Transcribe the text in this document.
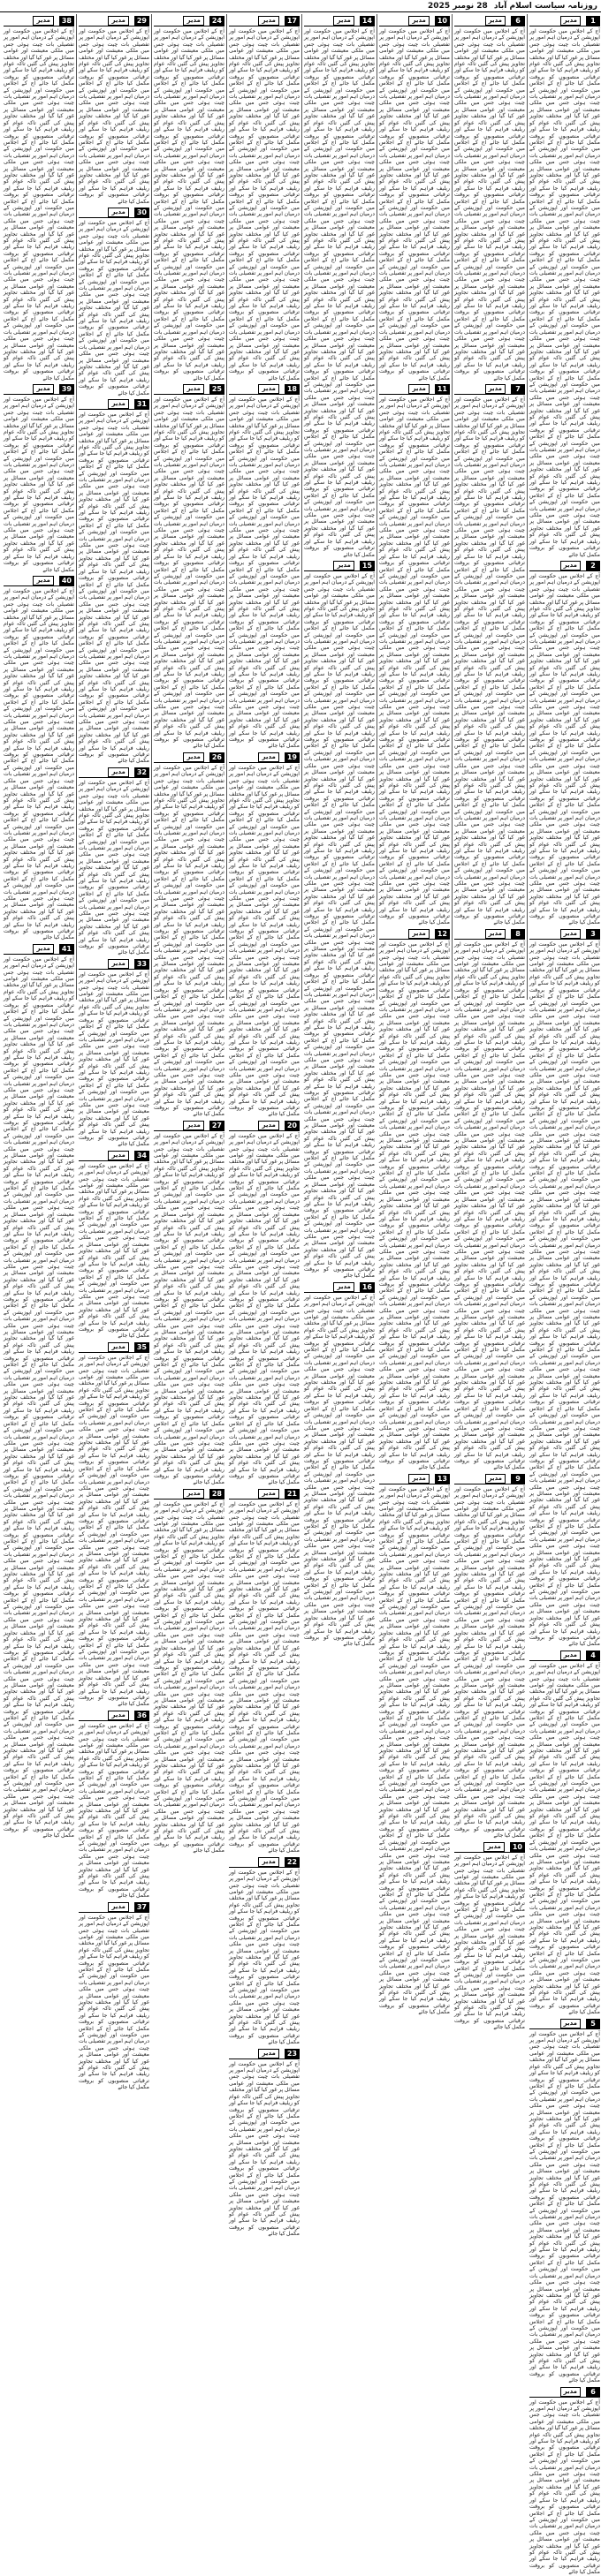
روزنامہ سیاست اسلام آباد 28 نومبر 2025
1
مدیر
آج کے اجلاس میں حکومت اور اپوزیشن کے درمیان اہم امور پر تفصیلی بات چیت ہوئی جس میں ملکی معیشت اور عوامی مسائل پر غور کیا گیا اور مختلف تجاویز پیش کی گئیں تاکہ عوام کو ریلیف فراہم کیا جا سکے اور ترقیاتی منصوبوں کو بروقت مکمل کیا جائے آج کے اجلاس میں حکومت اور اپوزیشن کے درمیان اہم امور پر تفصیلی بات چیت ہوئی جس میں ملکی معیشت اور عوامی مسائل پر غور کیا گیا اور مختلف تجاویز پیش کی گئیں تاکہ عوام کو ریلیف فراہم کیا جا سکے اور ترقیاتی منصوبوں کو بروقت مکمل کیا جائے آج کے اجلاس میں حکومت اور اپوزیشن کے درمیان اہم امور پر تفصیلی بات چیت ہوئی جس میں ملکی معیشت اور عوامی مسائل پر غور کیا گیا اور مختلف تجاویز پیش کی گئیں تاکہ عوام کو ریلیف فراہم کیا جا سکے اور ترقیاتی منصوبوں کو بروقت مکمل کیا جائے آج کے اجلاس میں حکومت اور اپوزیشن کے درمیان اہم امور پر تفصیلی بات چیت ہوئی جس میں ملکی معیشت اور عوامی مسائل پر غور کیا گیا اور مختلف تجاویز پیش کی گئیں تاکہ عوام کو ریلیف فراہم کیا جا سکے اور ترقیاتی منصوبوں کو بروقت مکمل کیا جائے آج کے اجلاس میں حکومت اور اپوزیشن کے درمیان اہم امور پر تفصیلی بات چیت ہوئی جس میں ملکی معیشت اور عوامی مسائل پر غور کیا گیا اور مختلف تجاویز پیش کی گئیں تاکہ عوام کو ریلیف فراہم کیا جا سکے اور ترقیاتی منصوبوں کو بروقت مکمل کیا جائے آج کے اجلاس میں حکومت اور اپوزیشن کے درمیان اہم امور پر تفصیلی بات چیت ہوئی جس میں ملکی معیشت اور عوامی مسائل پر غور کیا گیا اور مختلف تجاویز پیش کی گئیں تاکہ عوام کو ریلیف فراہم کیا جا سکے اور ترقیاتی منصوبوں کو بروقت مکمل کیا جائے آج کے اجلاس میں حکومت اور اپوزیشن کے درمیان اہم امور پر تفصیلی بات چیت ہوئی جس میں ملکی معیشت اور عوامی مسائل پر غور کیا گیا اور مختلف تجاویز پیش کی گئیں تاکہ عوام کو ریلیف فراہم کیا جا سکے اور ترقیاتی منصوبوں کو بروقت مکمل کیا جائے آج کے اجلاس میں حکومت اور اپوزیشن کے درمیان اہم امور پر تفصیلی بات چیت ہوئی جس میں ملکی معیشت اور عوامی مسائل پر غور کیا گیا اور مختلف تجاویز پیش کی گئیں تاکہ عوام کو ریلیف فراہم کیا جا سکے اور ترقیاتی منصوبوں کو بروقت مکمل کیا جائے آج کے اجلاس میں حکومت اور اپوزیشن کے درمیان اہم امور پر تفصیلی بات چیت ہوئی جس میں ملکی معیشت اور عوامی مسائل پر غور کیا گیا اور مختلف تجاویز پیش کی گئیں تاکہ عوام کو ریلیف فراہم کیا جا سکے اور ترقیاتی منصوبوں کو بروقت مکمل کیا جائے
2
مدیر
آج کے اجلاس میں حکومت اور اپوزیشن کے درمیان اہم امور پر تفصیلی بات چیت ہوئی جس میں ملکی معیشت اور عوامی مسائل پر غور کیا گیا اور مختلف تجاویز پیش کی گئیں تاکہ عوام کو ریلیف فراہم کیا جا سکے اور ترقیاتی منصوبوں کو بروقت مکمل کیا جائے آج کے اجلاس میں حکومت اور اپوزیشن کے درمیان اہم امور پر تفصیلی بات چیت ہوئی جس میں ملکی معیشت اور عوامی مسائل پر غور کیا گیا اور مختلف تجاویز پیش کی گئیں تاکہ عوام کو ریلیف فراہم کیا جا سکے اور ترقیاتی منصوبوں کو بروقت مکمل کیا جائے آج کے اجلاس میں حکومت اور اپوزیشن کے درمیان اہم امور پر تفصیلی بات چیت ہوئی جس میں ملکی معیشت اور عوامی مسائل پر غور کیا گیا اور مختلف تجاویز پیش کی گئیں تاکہ عوام کو ریلیف فراہم کیا جا سکے اور ترقیاتی منصوبوں کو بروقت مکمل کیا جائے آج کے اجلاس میں حکومت اور اپوزیشن کے درمیان اہم امور پر تفصیلی بات چیت ہوئی جس میں ملکی معیشت اور عوامی مسائل پر غور کیا گیا اور مختلف تجاویز پیش کی گئیں تاکہ عوام کو ریلیف فراہم کیا جا سکے اور ترقیاتی منصوبوں کو بروقت مکمل کیا جائے آج کے اجلاس میں حکومت اور اپوزیشن کے درمیان اہم امور پر تفصیلی بات چیت ہوئی جس میں ملکی معیشت اور عوامی مسائل پر غور کیا گیا اور مختلف تجاویز پیش کی گئیں تاکہ عوام کو ریلیف فراہم کیا جا سکے اور ترقیاتی منصوبوں کو بروقت مکمل کیا جائے آج کے اجلاس میں حکومت اور اپوزیشن کے درمیان اہم امور پر تفصیلی بات چیت ہوئی جس میں ملکی معیشت اور عوامی مسائل پر غور کیا گیا اور مختلف تجاویز پیش کی گئیں تاکہ عوام کو ریلیف فراہم کیا جا سکے اور ترقیاتی منصوبوں کو بروقت مکمل کیا جائے
3
مدیر
آج کے اجلاس میں حکومت اور اپوزیشن کے درمیان اہم امور پر تفصیلی بات چیت ہوئی جس میں ملکی معیشت اور عوامی مسائل پر غور کیا گیا اور مختلف تجاویز پیش کی گئیں تاکہ عوام کو ریلیف فراہم کیا جا سکے اور ترقیاتی منصوبوں کو بروقت مکمل کیا جائے آج کے اجلاس میں حکومت اور اپوزیشن کے درمیان اہم امور پر تفصیلی بات چیت ہوئی جس میں ملکی معیشت اور عوامی مسائل پر غور کیا گیا اور مختلف تجاویز پیش کی گئیں تاکہ عوام کو ریلیف فراہم کیا جا سکے اور ترقیاتی منصوبوں کو بروقت مکمل کیا جائے آج کے اجلاس میں حکومت اور اپوزیشن کے درمیان اہم امور پر تفصیلی بات چیت ہوئی جس میں ملکی معیشت اور عوامی مسائل پر غور کیا گیا اور مختلف تجاویز پیش کی گئیں تاکہ عوام کو ریلیف فراہم کیا جا سکے اور ترقیاتی منصوبوں کو بروقت مکمل کیا جائے آج کے اجلاس میں حکومت اور اپوزیشن کے درمیان اہم امور پر تفصیلی بات چیت ہوئی جس میں ملکی معیشت اور عوامی مسائل پر غور کیا گیا اور مختلف تجاویز پیش کی گئیں تاکہ عوام کو ریلیف فراہم کیا جا سکے اور ترقیاتی منصوبوں کو بروقت مکمل کیا جائے آج کے اجلاس میں حکومت اور اپوزیشن کے درمیان اہم امور پر تفصیلی بات چیت ہوئی جس میں ملکی معیشت اور عوامی مسائل پر غور کیا گیا اور مختلف تجاویز پیش کی گئیں تاکہ عوام کو ریلیف فراہم کیا جا سکے اور ترقیاتی منصوبوں کو بروقت مکمل کیا جائے آج کے اجلاس میں حکومت اور اپوزیشن کے درمیان اہم امور پر تفصیلی بات چیت ہوئی جس میں ملکی معیشت اور عوامی مسائل پر غور کیا گیا اور مختلف تجاویز پیش کی گئیں تاکہ عوام کو ریلیف فراہم کیا جا سکے اور ترقیاتی منصوبوں کو بروقت مکمل کیا جائے آج کے اجلاس میں حکومت اور اپوزیشن کے درمیان اہم امور پر تفصیلی بات چیت ہوئی جس میں ملکی معیشت اور عوامی مسائل پر غور کیا گیا اور مختلف تجاویز پیش کی گئیں تاکہ عوام کو ریلیف فراہم کیا جا سکے اور ترقیاتی منصوبوں کو بروقت مکمل کیا جائے آج کے اجلاس میں حکومت اور اپوزیشن کے درمیان اہم امور پر تفصیلی بات چیت ہوئی جس میں ملکی معیشت اور عوامی مسائل پر غور کیا گیا اور مختلف تجاویز پیش کی گئیں تاکہ عوام کو ریلیف فراہم کیا جا سکے اور ترقیاتی منصوبوں کو بروقت مکمل کیا جائے آج کے اجلاس میں حکومت اور اپوزیشن کے درمیان اہم امور پر تفصیلی بات چیت ہوئی جس میں ملکی معیشت اور عوامی مسائل پر غور کیا گیا اور مختلف تجاویز پیش کی گئیں تاکہ عوام کو ریلیف فراہم کیا جا سکے اور ترقیاتی منصوبوں کو بروقت مکمل کیا جائے آج کے اجلاس میں حکومت اور اپوزیشن کے درمیان اہم امور پر تفصیلی بات چیت ہوئی جس میں ملکی معیشت اور عوامی مسائل پر غور کیا گیا اور مختلف تجاویز پیش کی گئیں تاکہ عوام کو ریلیف فراہم کیا جا سکے اور ترقیاتی منصوبوں کو بروقت مکمل کیا جائے آج کے اجلاس میں حکومت اور اپوزیشن کے درمیان اہم امور پر تفصیلی بات چیت ہوئی جس میں ملکی معیشت اور عوامی مسائل پر غور کیا گیا اور مختلف تجاویز پیش کی گئیں تاکہ عوام کو ریلیف فراہم کیا جا سکے اور ترقیاتی منصوبوں کو بروقت مکمل کیا جائے آج کے اجلاس میں حکومت اور اپوزیشن کے درمیان اہم امور پر تفصیلی بات چیت ہوئی جس میں ملکی معیشت اور عوامی مسائل پر غور کیا گیا اور مختلف تجاویز پیش کی گئیں تاکہ عوام کو ریلیف فراہم کیا جا سکے اور ترقیاتی منصوبوں کو بروقت مکمل کیا جائے
4
مدیر
آج کے اجلاس میں حکومت اور اپوزیشن کے درمیان اہم امور پر تفصیلی بات چیت ہوئی جس میں ملکی معیشت اور عوامی مسائل پر غور کیا گیا اور مختلف تجاویز پیش کی گئیں تاکہ عوام کو ریلیف فراہم کیا جا سکے اور ترقیاتی منصوبوں کو بروقت مکمل کیا جائے آج کے اجلاس میں حکومت اور اپوزیشن کے درمیان اہم امور پر تفصیلی بات چیت ہوئی جس میں ملکی معیشت اور عوامی مسائل پر غور کیا گیا اور مختلف تجاویز پیش کی گئیں تاکہ عوام کو ریلیف فراہم کیا جا سکے اور ترقیاتی منصوبوں کو بروقت مکمل کیا جائے آج کے اجلاس میں حکومت اور اپوزیشن کے درمیان اہم امور پر تفصیلی بات چیت ہوئی جس میں ملکی معیشت اور عوامی مسائل پر غور کیا گیا اور مختلف تجاویز پیش کی گئیں تاکہ عوام کو ریلیف فراہم کیا جا سکے اور ترقیاتی منصوبوں کو بروقت مکمل کیا جائے آج کے اجلاس میں حکومت اور اپوزیشن کے درمیان اہم امور پر تفصیلی بات چیت ہوئی جس میں ملکی معیشت اور عوامی مسائل پر غور کیا گیا اور مختلف تجاویز پیش کی گئیں تاکہ عوام کو ریلیف فراہم کیا جا سکے اور ترقیاتی منصوبوں کو بروقت مکمل کیا جائے آج کے اجلاس میں حکومت اور اپوزیشن کے درمیان اہم امور پر تفصیلی بات چیت ہوئی جس میں ملکی معیشت اور عوامی مسائل پر غور کیا گیا اور مختلف تجاویز پیش کی گئیں تاکہ عوام کو ریلیف فراہم کیا جا سکے اور ترقیاتی منصوبوں کو بروقت مکمل کیا جائے آج کے اجلاس میں حکومت اور اپوزیشن کے درمیان اہم امور پر تفصیلی بات چیت ہوئی جس میں ملکی معیشت اور عوامی مسائل پر غور کیا گیا اور مختلف تجاویز پیش کی گئیں تاکہ عوام کو ریلیف فراہم کیا جا سکے اور ترقیاتی منصوبوں کو بروقت مکمل کیا جائے
5
مدیر
آج کے اجلاس میں حکومت اور اپوزیشن کے درمیان اہم امور پر تفصیلی بات چیت ہوئی جس میں ملکی معیشت اور عوامی مسائل پر غور کیا گیا اور مختلف تجاویز پیش کی گئیں تاکہ عوام کو ریلیف فراہم کیا جا سکے اور ترقیاتی منصوبوں کو بروقت مکمل کیا جائے آج کے اجلاس میں حکومت اور اپوزیشن کے درمیان اہم امور پر تفصیلی بات چیت ہوئی جس میں ملکی معیشت اور عوامی مسائل پر غور کیا گیا اور مختلف تجاویز پیش کی گئیں تاکہ عوام کو ریلیف فراہم کیا جا سکے اور ترقیاتی منصوبوں کو بروقت مکمل کیا جائے آج کے اجلاس میں حکومت اور اپوزیشن کے درمیان اہم امور پر تفصیلی بات چیت ہوئی جس میں ملکی معیشت اور عوامی مسائل پر غور کیا گیا اور مختلف تجاویز پیش کی گئیں تاکہ عوام کو ریلیف فراہم کیا جا سکے اور ترقیاتی منصوبوں کو بروقت مکمل کیا جائے آج کے اجلاس میں حکومت اور اپوزیشن کے درمیان اہم امور پر تفصیلی بات چیت ہوئی جس میں ملکی معیشت اور عوامی مسائل پر غور کیا گیا اور مختلف تجاویز پیش کی گئیں تاکہ عوام کو ریلیف فراہم کیا جا سکے اور ترقیاتی منصوبوں کو بروقت مکمل کیا جائے آج کے اجلاس میں حکومت اور اپوزیشن کے درمیان اہم امور پر تفصیلی بات چیت ہوئی جس میں ملکی معیشت اور عوامی مسائل پر غور کیا گیا اور مختلف تجاویز پیش کی گئیں تاکہ عوام کو ریلیف فراہم کیا جا سکے اور ترقیاتی منصوبوں کو بروقت مکمل کیا جائے آج کے اجلاس میں حکومت اور اپوزیشن کے درمیان اہم امور پر تفصیلی بات چیت ہوئی جس میں ملکی معیشت اور عوامی مسائل پر غور کیا گیا اور مختلف تجاویز پیش کی گئیں تاکہ عوام کو ریلیف فراہم کیا جا سکے اور ترقیاتی منصوبوں کو بروقت مکمل کیا جائے
6
مدیر
آج کے اجلاس میں حکومت اور اپوزیشن کے درمیان اہم امور پر تفصیلی بات چیت ہوئی جس میں ملکی معیشت اور عوامی مسائل پر غور کیا گیا اور مختلف تجاویز پیش کی گئیں تاکہ عوام کو ریلیف فراہم کیا جا سکے اور ترقیاتی منصوبوں کو بروقت مکمل کیا جائے آج کے اجلاس میں حکومت اور اپوزیشن کے درمیان اہم امور پر تفصیلی بات چیت ہوئی جس میں ملکی معیشت اور عوامی مسائل پر غور کیا گیا اور مختلف تجاویز پیش کی گئیں تاکہ عوام کو ریلیف فراہم کیا جا سکے اور ترقیاتی منصوبوں کو بروقت مکمل کیا جائے آج کے اجلاس میں حکومت اور اپوزیشن کے درمیان اہم امور پر تفصیلی بات چیت ہوئی جس میں ملکی معیشت اور عوامی مسائل پر غور کیا گیا اور مختلف تجاویز پیش کی گئیں تاکہ عوام کو ریلیف فراہم کیا جا سکے اور ترقیاتی منصوبوں کو بروقت مکمل کیا جائے
6
مدیر
آج کے اجلاس میں حکومت اور اپوزیشن کے درمیان اہم امور پر تفصیلی بات چیت ہوئی جس میں ملکی معیشت اور عوامی مسائل پر غور کیا گیا اور مختلف تجاویز پیش کی گئیں تاکہ عوام کو ریلیف فراہم کیا جا سکے اور ترقیاتی منصوبوں کو بروقت مکمل کیا جائے آج کے اجلاس میں حکومت اور اپوزیشن کے درمیان اہم امور پر تفصیلی بات چیت ہوئی جس میں ملکی معیشت اور عوامی مسائل پر غور کیا گیا اور مختلف تجاویز پیش کی گئیں تاکہ عوام کو ریلیف فراہم کیا جا سکے اور ترقیاتی منصوبوں کو بروقت مکمل کیا جائے آج کے اجلاس میں حکومت اور اپوزیشن کے درمیان اہم امور پر تفصیلی بات چیت ہوئی جس میں ملکی معیشت اور عوامی مسائل پر غور کیا گیا اور مختلف تجاویز پیش کی گئیں تاکہ عوام کو ریلیف فراہم کیا جا سکے اور ترقیاتی منصوبوں کو بروقت مکمل کیا جائے آج کے اجلاس میں حکومت اور اپوزیشن کے درمیان اہم امور پر تفصیلی بات چیت ہوئی جس میں ملکی معیشت اور عوامی مسائل پر غور کیا گیا اور مختلف تجاویز پیش کی گئیں تاکہ عوام کو ریلیف فراہم کیا جا سکے اور ترقیاتی منصوبوں کو بروقت مکمل کیا جائے آج کے اجلاس میں حکومت اور اپوزیشن کے درمیان اہم امور پر تفصیلی بات چیت ہوئی جس میں ملکی معیشت اور عوامی مسائل پر غور کیا گیا اور مختلف تجاویز پیش کی گئیں تاکہ عوام کو ریلیف فراہم کیا جا سکے اور ترقیاتی منصوبوں کو بروقت مکمل کیا جائے آج کے اجلاس میں حکومت اور اپوزیشن کے درمیان اہم امور پر تفصیلی بات چیت ہوئی جس میں ملکی معیشت اور عوامی مسائل پر غور کیا گیا اور مختلف تجاویز پیش کی گئیں تاکہ عوام کو ریلیف فراہم کیا جا سکے اور ترقیاتی منصوبوں کو بروقت مکمل کیا جائے
7
مدیر
آج کے اجلاس میں حکومت اور اپوزیشن کے درمیان اہم امور پر تفصیلی بات چیت ہوئی جس میں ملکی معیشت اور عوامی مسائل پر غور کیا گیا اور مختلف تجاویز پیش کی گئیں تاکہ عوام کو ریلیف فراہم کیا جا سکے اور ترقیاتی منصوبوں کو بروقت مکمل کیا جائے آج کے اجلاس میں حکومت اور اپوزیشن کے درمیان اہم امور پر تفصیلی بات چیت ہوئی جس میں ملکی معیشت اور عوامی مسائل پر غور کیا گیا اور مختلف تجاویز پیش کی گئیں تاکہ عوام کو ریلیف فراہم کیا جا سکے اور ترقیاتی منصوبوں کو بروقت مکمل کیا جائے آج کے اجلاس میں حکومت اور اپوزیشن کے درمیان اہم امور پر تفصیلی بات چیت ہوئی جس میں ملکی معیشت اور عوامی مسائل پر غور کیا گیا اور مختلف تجاویز پیش کی گئیں تاکہ عوام کو ریلیف فراہم کیا جا سکے اور ترقیاتی منصوبوں کو بروقت مکمل کیا جائے آج کے اجلاس میں حکومت اور اپوزیشن کے درمیان اہم امور پر تفصیلی بات چیت ہوئی جس میں ملکی معیشت اور عوامی مسائل پر غور کیا گیا اور مختلف تجاویز پیش کی گئیں تاکہ عوام کو ریلیف فراہم کیا جا سکے اور ترقیاتی منصوبوں کو بروقت مکمل کیا جائے آج کے اجلاس میں حکومت اور اپوزیشن کے درمیان اہم امور پر تفصیلی بات چیت ہوئی جس میں ملکی معیشت اور عوامی مسائل پر غور کیا گیا اور مختلف تجاویز پیش کی گئیں تاکہ عوام کو ریلیف فراہم کیا جا سکے اور ترقیاتی منصوبوں کو بروقت مکمل کیا جائے آج کے اجلاس میں حکومت اور اپوزیشن کے درمیان اہم امور پر تفصیلی بات چیت ہوئی جس میں ملکی معیشت اور عوامی مسائل پر غور کیا گیا اور مختلف تجاویز پیش کی گئیں تاکہ عوام کو ریلیف فراہم کیا جا سکے اور ترقیاتی منصوبوں کو بروقت مکمل کیا جائے آج کے اجلاس میں حکومت اور اپوزیشن کے درمیان اہم امور پر تفصیلی بات چیت ہوئی جس میں ملکی معیشت اور عوامی مسائل پر غور کیا گیا اور مختلف تجاویز پیش کی گئیں تاکہ عوام کو ریلیف فراہم کیا جا سکے اور ترقیاتی منصوبوں کو بروقت مکمل کیا جائے آج کے اجلاس میں حکومت اور اپوزیشن کے درمیان اہم امور پر تفصیلی بات چیت ہوئی جس میں ملکی معیشت اور عوامی مسائل پر غور کیا گیا اور مختلف تجاویز پیش کی گئیں تاکہ عوام کو ریلیف فراہم کیا جا سکے اور ترقیاتی منصوبوں کو بروقت مکمل کیا جائے آج کے اجلاس میں حکومت اور اپوزیشن کے درمیان اہم امور پر تفصیلی بات چیت ہوئی جس میں ملکی معیشت اور عوامی مسائل پر غور کیا گیا اور مختلف تجاویز پیش کی گئیں تاکہ عوام کو ریلیف فراہم کیا جا سکے اور ترقیاتی منصوبوں کو بروقت مکمل کیا جائے
8
مدیر
آج کے اجلاس میں حکومت اور اپوزیشن کے درمیان اہم امور پر تفصیلی بات چیت ہوئی جس میں ملکی معیشت اور عوامی مسائل پر غور کیا گیا اور مختلف تجاویز پیش کی گئیں تاکہ عوام کو ریلیف فراہم کیا جا سکے اور ترقیاتی منصوبوں کو بروقت مکمل کیا جائے آج کے اجلاس میں حکومت اور اپوزیشن کے درمیان اہم امور پر تفصیلی بات چیت ہوئی جس میں ملکی معیشت اور عوامی مسائل پر غور کیا گیا اور مختلف تجاویز پیش کی گئیں تاکہ عوام کو ریلیف فراہم کیا جا سکے اور ترقیاتی منصوبوں کو بروقت مکمل کیا جائے آج کے اجلاس میں حکومت اور اپوزیشن کے درمیان اہم امور پر تفصیلی بات چیت ہوئی جس میں ملکی معیشت اور عوامی مسائل پر غور کیا گیا اور مختلف تجاویز پیش کی گئیں تاکہ عوام کو ریلیف فراہم کیا جا سکے اور ترقیاتی منصوبوں کو بروقت مکمل کیا جائے آج کے اجلاس میں حکومت اور اپوزیشن کے درمیان اہم امور پر تفصیلی بات چیت ہوئی جس میں ملکی معیشت اور عوامی مسائل پر غور کیا گیا اور مختلف تجاویز پیش کی گئیں تاکہ عوام کو ریلیف فراہم کیا جا سکے اور ترقیاتی منصوبوں کو بروقت مکمل کیا جائے آج کے اجلاس میں حکومت اور اپوزیشن کے درمیان اہم امور پر تفصیلی بات چیت ہوئی جس میں ملکی معیشت اور عوامی مسائل پر غور کیا گیا اور مختلف تجاویز پیش کی گئیں تاکہ عوام کو ریلیف فراہم کیا جا سکے اور ترقیاتی منصوبوں کو بروقت مکمل کیا جائے آج کے اجلاس میں حکومت اور اپوزیشن کے درمیان اہم امور پر تفصیلی بات چیت ہوئی جس میں ملکی معیشت اور عوامی مسائل پر غور کیا گیا اور مختلف تجاویز پیش کی گئیں تاکہ عوام کو ریلیف فراہم کیا جا سکے اور ترقیاتی منصوبوں کو بروقت مکمل کیا جائے آج کے اجلاس میں حکومت اور اپوزیشن کے درمیان اہم امور پر تفصیلی بات چیت ہوئی جس میں ملکی معیشت اور عوامی مسائل پر غور کیا گیا اور مختلف تجاویز پیش کی گئیں تاکہ عوام کو ریلیف فراہم کیا جا سکے اور ترقیاتی منصوبوں کو بروقت مکمل کیا جائے آج کے اجلاس میں حکومت اور اپوزیشن کے درمیان اہم امور پر تفصیلی بات چیت ہوئی جس میں ملکی معیشت اور عوامی مسائل پر غور کیا گیا اور مختلف تجاویز پیش کی گئیں تاکہ عوام کو ریلیف فراہم کیا جا سکے اور ترقیاتی منصوبوں کو بروقت مکمل کیا جائے آج کے اجلاس میں حکومت اور اپوزیشن کے درمیان اہم امور پر تفصیلی بات چیت ہوئی جس میں ملکی معیشت اور عوامی مسائل پر غور کیا گیا اور مختلف تجاویز پیش کی گئیں تاکہ عوام کو ریلیف فراہم کیا جا سکے اور ترقیاتی منصوبوں کو بروقت مکمل کیا جائے
9
مدیر
آج کے اجلاس میں حکومت اور اپوزیشن کے درمیان اہم امور پر تفصیلی بات چیت ہوئی جس میں ملکی معیشت اور عوامی مسائل پر غور کیا گیا اور مختلف تجاویز پیش کی گئیں تاکہ عوام کو ریلیف فراہم کیا جا سکے اور ترقیاتی منصوبوں کو بروقت مکمل کیا جائے آج کے اجلاس میں حکومت اور اپوزیشن کے درمیان اہم امور پر تفصیلی بات چیت ہوئی جس میں ملکی معیشت اور عوامی مسائل پر غور کیا گیا اور مختلف تجاویز پیش کی گئیں تاکہ عوام کو ریلیف فراہم کیا جا سکے اور ترقیاتی منصوبوں کو بروقت مکمل کیا جائے آج کے اجلاس میں حکومت اور اپوزیشن کے درمیان اہم امور پر تفصیلی بات چیت ہوئی جس میں ملکی معیشت اور عوامی مسائل پر غور کیا گیا اور مختلف تجاویز پیش کی گئیں تاکہ عوام کو ریلیف فراہم کیا جا سکے اور ترقیاتی منصوبوں کو بروقت مکمل کیا جائے آج کے اجلاس میں حکومت اور اپوزیشن کے درمیان اہم امور پر تفصیلی بات چیت ہوئی جس میں ملکی معیشت اور عوامی مسائل پر غور کیا گیا اور مختلف تجاویز پیش کی گئیں تاکہ عوام کو ریلیف فراہم کیا جا سکے اور ترقیاتی منصوبوں کو بروقت مکمل کیا جائے آج کے اجلاس میں حکومت اور اپوزیشن کے درمیان اہم امور پر تفصیلی بات چیت ہوئی جس میں ملکی معیشت اور عوامی مسائل پر غور کیا گیا اور مختلف تجاویز پیش کی گئیں تاکہ عوام کو ریلیف فراہم کیا جا سکے اور ترقیاتی منصوبوں کو بروقت مکمل کیا جائے آج کے اجلاس میں حکومت اور اپوزیشن کے درمیان اہم امور پر تفصیلی بات چیت ہوئی جس میں ملکی معیشت اور عوامی مسائل پر غور کیا گیا اور مختلف تجاویز پیش کی گئیں تاکہ عوام کو ریلیف فراہم کیا جا سکے اور ترقیاتی منصوبوں کو بروقت مکمل کیا جائے
10
مدیر
آج کے اجلاس میں حکومت اور اپوزیشن کے درمیان اہم امور پر تفصیلی بات چیت ہوئی جس میں ملکی معیشت اور عوامی مسائل پر غور کیا گیا اور مختلف تجاویز پیش کی گئیں تاکہ عوام کو ریلیف فراہم کیا جا سکے اور ترقیاتی منصوبوں کو بروقت مکمل کیا جائے آج کے اجلاس میں حکومت اور اپوزیشن کے درمیان اہم امور پر تفصیلی بات چیت ہوئی جس میں ملکی معیشت اور عوامی مسائل پر غور کیا گیا اور مختلف تجاویز پیش کی گئیں تاکہ عوام کو ریلیف فراہم کیا جا سکے اور ترقیاتی منصوبوں کو بروقت مکمل کیا جائے آج کے اجلاس میں حکومت اور اپوزیشن کے درمیان اہم امور پر تفصیلی بات چیت ہوئی جس میں ملکی معیشت اور عوامی مسائل پر غور کیا گیا اور مختلف تجاویز پیش کی گئیں تاکہ عوام کو ریلیف فراہم کیا جا سکے اور ترقیاتی منصوبوں کو بروقت مکمل کیا جائے
10
مدیر
آج کے اجلاس میں حکومت اور اپوزیشن کے درمیان اہم امور پر تفصیلی بات چیت ہوئی جس میں ملکی معیشت اور عوامی مسائل پر غور کیا گیا اور مختلف تجاویز پیش کی گئیں تاکہ عوام کو ریلیف فراہم کیا جا سکے اور ترقیاتی منصوبوں کو بروقت مکمل کیا جائے آج کے اجلاس میں حکومت اور اپوزیشن کے درمیان اہم امور پر تفصیلی بات چیت ہوئی جس میں ملکی معیشت اور عوامی مسائل پر غور کیا گیا اور مختلف تجاویز پیش کی گئیں تاکہ عوام کو ریلیف فراہم کیا جا سکے اور ترقیاتی منصوبوں کو بروقت مکمل کیا جائے آج کے اجلاس میں حکومت اور اپوزیشن کے درمیان اہم امور پر تفصیلی بات چیت ہوئی جس میں ملکی معیشت اور عوامی مسائل پر غور کیا گیا اور مختلف تجاویز پیش کی گئیں تاکہ عوام کو ریلیف فراہم کیا جا سکے اور ترقیاتی منصوبوں کو بروقت مکمل کیا جائے آج کے اجلاس میں حکومت اور اپوزیشن کے درمیان اہم امور پر تفصیلی بات چیت ہوئی جس میں ملکی معیشت اور عوامی مسائل پر غور کیا گیا اور مختلف تجاویز پیش کی گئیں تاکہ عوام کو ریلیف فراہم کیا جا سکے اور ترقیاتی منصوبوں کو بروقت مکمل کیا جائے آج کے اجلاس میں حکومت اور اپوزیشن کے درمیان اہم امور پر تفصیلی بات چیت ہوئی جس میں ملکی معیشت اور عوامی مسائل پر غور کیا گیا اور مختلف تجاویز پیش کی گئیں تاکہ عوام کو ریلیف فراہم کیا جا سکے اور ترقیاتی منصوبوں کو بروقت مکمل کیا جائے آج کے اجلاس میں حکومت اور اپوزیشن کے درمیان اہم امور پر تفصیلی بات چیت ہوئی جس میں ملکی معیشت اور عوامی مسائل پر غور کیا گیا اور مختلف تجاویز پیش کی گئیں تاکہ عوام کو ریلیف فراہم کیا جا سکے اور ترقیاتی منصوبوں کو بروقت مکمل کیا جائے
11
مدیر
آج کے اجلاس میں حکومت اور اپوزیشن کے درمیان اہم امور پر تفصیلی بات چیت ہوئی جس میں ملکی معیشت اور عوامی مسائل پر غور کیا گیا اور مختلف تجاویز پیش کی گئیں تاکہ عوام کو ریلیف فراہم کیا جا سکے اور ترقیاتی منصوبوں کو بروقت مکمل کیا جائے آج کے اجلاس میں حکومت اور اپوزیشن کے درمیان اہم امور پر تفصیلی بات چیت ہوئی جس میں ملکی معیشت اور عوامی مسائل پر غور کیا گیا اور مختلف تجاویز پیش کی گئیں تاکہ عوام کو ریلیف فراہم کیا جا سکے اور ترقیاتی منصوبوں کو بروقت مکمل کیا جائے آج کے اجلاس میں حکومت اور اپوزیشن کے درمیان اہم امور پر تفصیلی بات چیت ہوئی جس میں ملکی معیشت اور عوامی مسائل پر غور کیا گیا اور مختلف تجاویز پیش کی گئیں تاکہ عوام کو ریلیف فراہم کیا جا سکے اور ترقیاتی منصوبوں کو بروقت مکمل کیا جائے آج کے اجلاس میں حکومت اور اپوزیشن کے درمیان اہم امور پر تفصیلی بات چیت ہوئی جس میں ملکی معیشت اور عوامی مسائل پر غور کیا گیا اور مختلف تجاویز پیش کی گئیں تاکہ عوام کو ریلیف فراہم کیا جا سکے اور ترقیاتی منصوبوں کو بروقت مکمل کیا جائے آج کے اجلاس میں حکومت اور اپوزیشن کے درمیان اہم امور پر تفصیلی بات چیت ہوئی جس میں ملکی معیشت اور عوامی مسائل پر غور کیا گیا اور مختلف تجاویز پیش کی گئیں تاکہ عوام کو ریلیف فراہم کیا جا سکے اور ترقیاتی منصوبوں کو بروقت مکمل کیا جائے آج کے اجلاس میں حکومت اور اپوزیشن کے درمیان اہم امور پر تفصیلی بات چیت ہوئی جس میں ملکی معیشت اور عوامی مسائل پر غور کیا گیا اور مختلف تجاویز پیش کی گئیں تاکہ عوام کو ریلیف فراہم کیا جا سکے اور ترقیاتی منصوبوں کو بروقت مکمل کیا جائے آج کے اجلاس میں حکومت اور اپوزیشن کے درمیان اہم امور پر تفصیلی بات چیت ہوئی جس میں ملکی معیشت اور عوامی مسائل پر غور کیا گیا اور مختلف تجاویز پیش کی گئیں تاکہ عوام کو ریلیف فراہم کیا جا سکے اور ترقیاتی منصوبوں کو بروقت مکمل کیا جائے آج کے اجلاس میں حکومت اور اپوزیشن کے درمیان اہم امور پر تفصیلی بات چیت ہوئی جس میں ملکی معیشت اور عوامی مسائل پر غور کیا گیا اور مختلف تجاویز پیش کی گئیں تاکہ عوام کو ریلیف فراہم کیا جا سکے اور ترقیاتی منصوبوں کو بروقت مکمل کیا جائے آج کے اجلاس میں حکومت اور اپوزیشن کے درمیان اہم امور پر تفصیلی بات چیت ہوئی جس میں ملکی معیشت اور عوامی مسائل پر غور کیا گیا اور مختلف تجاویز پیش کی گئیں تاکہ عوام کو ریلیف فراہم کیا جا سکے اور ترقیاتی منصوبوں کو بروقت مکمل کیا جائے
12
مدیر
آج کے اجلاس میں حکومت اور اپوزیشن کے درمیان اہم امور پر تفصیلی بات چیت ہوئی جس میں ملکی معیشت اور عوامی مسائل پر غور کیا گیا اور مختلف تجاویز پیش کی گئیں تاکہ عوام کو ریلیف فراہم کیا جا سکے اور ترقیاتی منصوبوں کو بروقت مکمل کیا جائے آج کے اجلاس میں حکومت اور اپوزیشن کے درمیان اہم امور پر تفصیلی بات چیت ہوئی جس میں ملکی معیشت اور عوامی مسائل پر غور کیا گیا اور مختلف تجاویز پیش کی گئیں تاکہ عوام کو ریلیف فراہم کیا جا سکے اور ترقیاتی منصوبوں کو بروقت مکمل کیا جائے آج کے اجلاس میں حکومت اور اپوزیشن کے درمیان اہم امور پر تفصیلی بات چیت ہوئی جس میں ملکی معیشت اور عوامی مسائل پر غور کیا گیا اور مختلف تجاویز پیش کی گئیں تاکہ عوام کو ریلیف فراہم کیا جا سکے اور ترقیاتی منصوبوں کو بروقت مکمل کیا جائے آج کے اجلاس میں حکومت اور اپوزیشن کے درمیان اہم امور پر تفصیلی بات چیت ہوئی جس میں ملکی معیشت اور عوامی مسائل پر غور کیا گیا اور مختلف تجاویز پیش کی گئیں تاکہ عوام کو ریلیف فراہم کیا جا سکے اور ترقیاتی منصوبوں کو بروقت مکمل کیا جائے آج کے اجلاس میں حکومت اور اپوزیشن کے درمیان اہم امور پر تفصیلی بات چیت ہوئی جس میں ملکی معیشت اور عوامی مسائل پر غور کیا گیا اور مختلف تجاویز پیش کی گئیں تاکہ عوام کو ریلیف فراہم کیا جا سکے اور ترقیاتی منصوبوں کو بروقت مکمل کیا جائے آج کے اجلاس میں حکومت اور اپوزیشن کے درمیان اہم امور پر تفصیلی بات چیت ہوئی جس میں ملکی معیشت اور عوامی مسائل پر غور کیا گیا اور مختلف تجاویز پیش کی گئیں تاکہ عوام کو ریلیف فراہم کیا جا سکے اور ترقیاتی منصوبوں کو بروقت مکمل کیا جائے آج کے اجلاس میں حکومت اور اپوزیشن کے درمیان اہم امور پر تفصیلی بات چیت ہوئی جس میں ملکی معیشت اور عوامی مسائل پر غور کیا گیا اور مختلف تجاویز پیش کی گئیں تاکہ عوام کو ریلیف فراہم کیا جا سکے اور ترقیاتی منصوبوں کو بروقت مکمل کیا جائے آج کے اجلاس میں حکومت اور اپوزیشن کے درمیان اہم امور پر تفصیلی بات چیت ہوئی جس میں ملکی معیشت اور عوامی مسائل پر غور کیا گیا اور مختلف تجاویز پیش کی گئیں تاکہ عوام کو ریلیف فراہم کیا جا سکے اور ترقیاتی منصوبوں کو بروقت مکمل کیا جائے آج کے اجلاس میں حکومت اور اپوزیشن کے درمیان اہم امور پر تفصیلی بات چیت ہوئی جس میں ملکی معیشت اور عوامی مسائل پر غور کیا گیا اور مختلف تجاویز پیش کی گئیں تاکہ عوام کو ریلیف فراہم کیا جا سکے اور ترقیاتی منصوبوں کو بروقت مکمل کیا جائے
13
مدیر
آج کے اجلاس میں حکومت اور اپوزیشن کے درمیان اہم امور پر تفصیلی بات چیت ہوئی جس میں ملکی معیشت اور عوامی مسائل پر غور کیا گیا اور مختلف تجاویز پیش کی گئیں تاکہ عوام کو ریلیف فراہم کیا جا سکے اور ترقیاتی منصوبوں کو بروقت مکمل کیا جائے آج کے اجلاس میں حکومت اور اپوزیشن کے درمیان اہم امور پر تفصیلی بات چیت ہوئی جس میں ملکی معیشت اور عوامی مسائل پر غور کیا گیا اور مختلف تجاویز پیش کی گئیں تاکہ عوام کو ریلیف فراہم کیا جا سکے اور ترقیاتی منصوبوں کو بروقت مکمل کیا جائے آج کے اجلاس میں حکومت اور اپوزیشن کے درمیان اہم امور پر تفصیلی بات چیت ہوئی جس میں ملکی معیشت اور عوامی مسائل پر غور کیا گیا اور مختلف تجاویز پیش کی گئیں تاکہ عوام کو ریلیف فراہم کیا جا سکے اور ترقیاتی منصوبوں کو بروقت مکمل کیا جائے آج کے اجلاس میں حکومت اور اپوزیشن کے درمیان اہم امور پر تفصیلی بات چیت ہوئی جس میں ملکی معیشت اور عوامی مسائل پر غور کیا گیا اور مختلف تجاویز پیش کی گئیں تاکہ عوام کو ریلیف فراہم کیا جا سکے اور ترقیاتی منصوبوں کو بروقت مکمل کیا جائے آج کے اجلاس میں حکومت اور اپوزیشن کے درمیان اہم امور پر تفصیلی بات چیت ہوئی جس میں ملکی معیشت اور عوامی مسائل پر غور کیا گیا اور مختلف تجاویز پیش کی گئیں تاکہ عوام کو ریلیف فراہم کیا جا سکے اور ترقیاتی منصوبوں کو بروقت مکمل کیا جائے آج کے اجلاس میں حکومت اور اپوزیشن کے درمیان اہم امور پر تفصیلی بات چیت ہوئی جس میں ملکی معیشت اور عوامی مسائل پر غور کیا گیا اور مختلف تجاویز پیش کی گئیں تاکہ عوام کو ریلیف فراہم کیا جا سکے اور ترقیاتی منصوبوں کو بروقت مکمل کیا جائے آج کے اجلاس میں حکومت اور اپوزیشن کے درمیان اہم امور پر تفصیلی بات چیت ہوئی جس میں ملکی معیشت اور عوامی مسائل پر غور کیا گیا اور مختلف تجاویز پیش کی گئیں تاکہ عوام کو ریلیف فراہم کیا جا سکے اور ترقیاتی منصوبوں کو بروقت مکمل کیا جائے آج کے اجلاس میں حکومت اور اپوزیشن کے درمیان اہم امور پر تفصیلی بات چیت ہوئی جس میں ملکی معیشت اور عوامی مسائل پر غور کیا گیا اور مختلف تجاویز پیش کی گئیں تاکہ عوام کو ریلیف فراہم کیا جا سکے اور ترقیاتی منصوبوں کو بروقت مکمل کیا جائے آج کے اجلاس میں حکومت اور اپوزیشن کے درمیان اہم امور پر تفصیلی بات چیت ہوئی جس میں ملکی معیشت اور عوامی مسائل پر غور کیا گیا اور مختلف تجاویز پیش کی گئیں تاکہ عوام کو ریلیف فراہم کیا جا سکے اور ترقیاتی منصوبوں کو بروقت مکمل کیا جائے
14
مدیر
آج کے اجلاس میں حکومت اور اپوزیشن کے درمیان اہم امور پر تفصیلی بات چیت ہوئی جس میں ملکی معیشت اور عوامی مسائل پر غور کیا گیا اور مختلف تجاویز پیش کی گئیں تاکہ عوام کو ریلیف فراہم کیا جا سکے اور ترقیاتی منصوبوں کو بروقت مکمل کیا جائے آج کے اجلاس میں حکومت اور اپوزیشن کے درمیان اہم امور پر تفصیلی بات چیت ہوئی جس میں ملکی معیشت اور عوامی مسائل پر غور کیا گیا اور مختلف تجاویز پیش کی گئیں تاکہ عوام کو ریلیف فراہم کیا جا سکے اور ترقیاتی منصوبوں کو بروقت مکمل کیا جائے آج کے اجلاس میں حکومت اور اپوزیشن کے درمیان اہم امور پر تفصیلی بات چیت ہوئی جس میں ملکی معیشت اور عوامی مسائل پر غور کیا گیا اور مختلف تجاویز پیش کی گئیں تاکہ عوام کو ریلیف فراہم کیا جا سکے اور ترقیاتی منصوبوں کو بروقت مکمل کیا جائے آج کے اجلاس میں حکومت اور اپوزیشن کے درمیان اہم امور پر تفصیلی بات چیت ہوئی جس میں ملکی معیشت اور عوامی مسائل پر غور کیا گیا اور مختلف تجاویز پیش کی گئیں تاکہ عوام کو ریلیف فراہم کیا جا سکے اور ترقیاتی منصوبوں کو بروقت مکمل کیا جائے آج کے اجلاس میں حکومت اور اپوزیشن کے درمیان اہم امور پر تفصیلی بات چیت ہوئی جس میں ملکی معیشت اور عوامی مسائل پر غور کیا گیا اور مختلف تجاویز پیش کی گئیں تاکہ عوام کو ریلیف فراہم کیا جا سکے اور ترقیاتی منصوبوں کو بروقت مکمل کیا جائے آج کے اجلاس میں حکومت اور اپوزیشن کے درمیان اہم امور پر تفصیلی بات چیت ہوئی جس میں ملکی معیشت اور عوامی مسائل پر غور کیا گیا اور مختلف تجاویز پیش کی گئیں تاکہ عوام کو ریلیف فراہم کیا جا سکے اور ترقیاتی منصوبوں کو بروقت مکمل کیا جائے آج کے اجلاس میں حکومت اور اپوزیشن کے درمیان اہم امور پر تفصیلی بات چیت ہوئی جس میں ملکی معیشت اور عوامی مسائل پر غور کیا گیا اور مختلف تجاویز پیش کی گئیں تاکہ عوام کو ریلیف فراہم کیا جا سکے اور ترقیاتی منصوبوں کو بروقت مکمل کیا جائے آج کے اجلاس میں حکومت اور اپوزیشن کے درمیان اہم امور پر تفصیلی بات چیت ہوئی جس میں ملکی معیشت اور عوامی مسائل پر غور کیا گیا اور مختلف تجاویز پیش کی گئیں تاکہ عوام کو ریلیف فراہم کیا جا سکے اور ترقیاتی منصوبوں کو بروقت مکمل کیا جائے آج کے اجلاس میں حکومت اور اپوزیشن کے درمیان اہم امور پر تفصیلی بات چیت ہوئی جس میں ملکی معیشت اور عوامی مسائل پر غور کیا گیا اور مختلف تجاویز پیش کی گئیں تاکہ عوام کو ریلیف فراہم کیا جا سکے اور ترقیاتی منصوبوں کو بروقت مکمل کیا جائے
15
مدیر
آج کے اجلاس میں حکومت اور اپوزیشن کے درمیان اہم امور پر تفصیلی بات چیت ہوئی جس میں ملکی معیشت اور عوامی مسائل پر غور کیا گیا اور مختلف تجاویز پیش کی گئیں تاکہ عوام کو ریلیف فراہم کیا جا سکے اور ترقیاتی منصوبوں کو بروقت مکمل کیا جائے آج کے اجلاس میں حکومت اور اپوزیشن کے درمیان اہم امور پر تفصیلی بات چیت ہوئی جس میں ملکی معیشت اور عوامی مسائل پر غور کیا گیا اور مختلف تجاویز پیش کی گئیں تاکہ عوام کو ریلیف فراہم کیا جا سکے اور ترقیاتی منصوبوں کو بروقت مکمل کیا جائے آج کے اجلاس میں حکومت اور اپوزیشن کے درمیان اہم امور پر تفصیلی بات چیت ہوئی جس میں ملکی معیشت اور عوامی مسائل پر غور کیا گیا اور مختلف تجاویز پیش کی گئیں تاکہ عوام کو ریلیف فراہم کیا جا سکے اور ترقیاتی منصوبوں کو بروقت مکمل کیا جائے آج کے اجلاس میں حکومت اور اپوزیشن کے درمیان اہم امور پر تفصیلی بات چیت ہوئی جس میں ملکی معیشت اور عوامی مسائل پر غور کیا گیا اور مختلف تجاویز پیش کی گئیں تاکہ عوام کو ریلیف فراہم کیا جا سکے اور ترقیاتی منصوبوں کو بروقت مکمل کیا جائے آج کے اجلاس میں حکومت اور اپوزیشن کے درمیان اہم امور پر تفصیلی بات چیت ہوئی جس میں ملکی معیشت اور عوامی مسائل پر غور کیا گیا اور مختلف تجاویز پیش کی گئیں تاکہ عوام کو ریلیف فراہم کیا جا سکے اور ترقیاتی منصوبوں کو بروقت مکمل کیا جائے آج کے اجلاس میں حکومت اور اپوزیشن کے درمیان اہم امور پر تفصیلی بات چیت ہوئی جس میں ملکی معیشت اور عوامی مسائل پر غور کیا گیا اور مختلف تجاویز پیش کی گئیں تاکہ عوام کو ریلیف فراہم کیا جا سکے اور ترقیاتی منصوبوں کو بروقت مکمل کیا جائے آج کے اجلاس میں حکومت اور اپوزیشن کے درمیان اہم امور پر تفصیلی بات چیت ہوئی جس میں ملکی معیشت اور عوامی مسائل پر غور کیا گیا اور مختلف تجاویز پیش کی گئیں تاکہ عوام کو ریلیف فراہم کیا جا سکے اور ترقیاتی منصوبوں کو بروقت مکمل کیا جائے آج کے اجلاس میں حکومت اور اپوزیشن کے درمیان اہم امور پر تفصیلی بات چیت ہوئی جس میں ملکی معیشت اور عوامی مسائل پر غور کیا گیا اور مختلف تجاویز پیش کی گئیں تاکہ عوام کو ریلیف فراہم کیا جا سکے اور ترقیاتی منصوبوں کو بروقت مکمل کیا جائے آج کے اجلاس میں حکومت اور اپوزیشن کے درمیان اہم امور پر تفصیلی بات چیت ہوئی جس میں ملکی معیشت اور عوامی مسائل پر غور کیا گیا اور مختلف تجاویز پیش کی گئیں تاکہ عوام کو ریلیف فراہم کیا جا سکے اور ترقیاتی منصوبوں کو بروقت مکمل کیا جائے آج کے اجلاس میں حکومت اور اپوزیشن کے درمیان اہم امور پر تفصیلی بات چیت ہوئی جس میں ملکی معیشت اور عوامی مسائل پر غور کیا گیا اور مختلف تجاویز پیش کی گئیں تاکہ عوام کو ریلیف فراہم کیا جا سکے اور ترقیاتی منصوبوں کو بروقت مکمل کیا جائے آج کے اجلاس میں حکومت اور اپوزیشن کے درمیان اہم امور پر تفصیلی بات چیت ہوئی جس میں ملکی معیشت اور عوامی مسائل پر غور کیا گیا اور مختلف تجاویز پیش کی گئیں تاکہ عوام کو ریلیف فراہم کیا جا سکے اور ترقیاتی منصوبوں کو بروقت مکمل کیا جائے آج کے اجلاس میں حکومت اور اپوزیشن کے درمیان اہم امور پر تفصیلی بات چیت ہوئی جس میں ملکی معیشت اور عوامی مسائل پر غور کیا گیا اور مختلف تجاویز پیش کی گئیں تاکہ عوام کو ریلیف فراہم کیا جا سکے اور ترقیاتی منصوبوں کو بروقت مکمل کیا جائے
16
مدیر
آج کے اجلاس میں حکومت اور اپوزیشن کے درمیان اہم امور پر تفصیلی بات چیت ہوئی جس میں ملکی معیشت اور عوامی مسائل پر غور کیا گیا اور مختلف تجاویز پیش کی گئیں تاکہ عوام کو ریلیف فراہم کیا جا سکے اور ترقیاتی منصوبوں کو بروقت مکمل کیا جائے آج کے اجلاس میں حکومت اور اپوزیشن کے درمیان اہم امور پر تفصیلی بات چیت ہوئی جس میں ملکی معیشت اور عوامی مسائل پر غور کیا گیا اور مختلف تجاویز پیش کی گئیں تاکہ عوام کو ریلیف فراہم کیا جا سکے اور ترقیاتی منصوبوں کو بروقت مکمل کیا جائے آج کے اجلاس میں حکومت اور اپوزیشن کے درمیان اہم امور پر تفصیلی بات چیت ہوئی جس میں ملکی معیشت اور عوامی مسائل پر غور کیا گیا اور مختلف تجاویز پیش کی گئیں تاکہ عوام کو ریلیف فراہم کیا جا سکے اور ترقیاتی منصوبوں کو بروقت مکمل کیا جائے آج کے اجلاس میں حکومت اور اپوزیشن کے درمیان اہم امور پر تفصیلی بات چیت ہوئی جس میں ملکی معیشت اور عوامی مسائل پر غور کیا گیا اور مختلف تجاویز پیش کی گئیں تاکہ عوام کو ریلیف فراہم کیا جا سکے اور ترقیاتی منصوبوں کو بروقت مکمل کیا جائے آج کے اجلاس میں حکومت اور اپوزیشن کے درمیان اہم امور پر تفصیلی بات چیت ہوئی جس میں ملکی معیشت اور عوامی مسائل پر غور کیا گیا اور مختلف تجاویز پیش کی گئیں تاکہ عوام کو ریلیف فراہم کیا جا سکے اور ترقیاتی منصوبوں کو بروقت مکمل کیا جائے آج کے اجلاس میں حکومت اور اپوزیشن کے درمیان اہم امور پر تفصیلی بات چیت ہوئی جس میں ملکی معیشت اور عوامی مسائل پر غور کیا گیا اور مختلف تجاویز پیش کی گئیں تاکہ عوام کو ریلیف فراہم کیا جا سکے اور ترقیاتی منصوبوں کو بروقت مکمل کیا جائے
17
مدیر
آج کے اجلاس میں حکومت اور اپوزیشن کے درمیان اہم امور پر تفصیلی بات چیت ہوئی جس میں ملکی معیشت اور عوامی مسائل پر غور کیا گیا اور مختلف تجاویز پیش کی گئیں تاکہ عوام کو ریلیف فراہم کیا جا سکے اور ترقیاتی منصوبوں کو بروقت مکمل کیا جائے آج کے اجلاس میں حکومت اور اپوزیشن کے درمیان اہم امور پر تفصیلی بات چیت ہوئی جس میں ملکی معیشت اور عوامی مسائل پر غور کیا گیا اور مختلف تجاویز پیش کی گئیں تاکہ عوام کو ریلیف فراہم کیا جا سکے اور ترقیاتی منصوبوں کو بروقت مکمل کیا جائے آج کے اجلاس میں حکومت اور اپوزیشن کے درمیان اہم امور پر تفصیلی بات چیت ہوئی جس میں ملکی معیشت اور عوامی مسائل پر غور کیا گیا اور مختلف تجاویز پیش کی گئیں تاکہ عوام کو ریلیف فراہم کیا جا سکے اور ترقیاتی منصوبوں کو بروقت مکمل کیا جائے آج کے اجلاس میں حکومت اور اپوزیشن کے درمیان اہم امور پر تفصیلی بات چیت ہوئی جس میں ملکی معیشت اور عوامی مسائل پر غور کیا گیا اور مختلف تجاویز پیش کی گئیں تاکہ عوام کو ریلیف فراہم کیا جا سکے اور ترقیاتی منصوبوں کو بروقت مکمل کیا جائے آج کے اجلاس میں حکومت اور اپوزیشن کے درمیان اہم امور پر تفصیلی بات چیت ہوئی جس میں ملکی معیشت اور عوامی مسائل پر غور کیا گیا اور مختلف تجاویز پیش کی گئیں تاکہ عوام کو ریلیف فراہم کیا جا سکے اور ترقیاتی منصوبوں کو بروقت مکمل کیا جائے آج کے اجلاس میں حکومت اور اپوزیشن کے درمیان اہم امور پر تفصیلی بات چیت ہوئی جس میں ملکی معیشت اور عوامی مسائل پر غور کیا گیا اور مختلف تجاویز پیش کی گئیں تاکہ عوام کو ریلیف فراہم کیا جا سکے اور ترقیاتی منصوبوں کو بروقت مکمل کیا جائے
18
مدیر
آج کے اجلاس میں حکومت اور اپوزیشن کے درمیان اہم امور پر تفصیلی بات چیت ہوئی جس میں ملکی معیشت اور عوامی مسائل پر غور کیا گیا اور مختلف تجاویز پیش کی گئیں تاکہ عوام کو ریلیف فراہم کیا جا سکے اور ترقیاتی منصوبوں کو بروقت مکمل کیا جائے آج کے اجلاس میں حکومت اور اپوزیشن کے درمیان اہم امور پر تفصیلی بات چیت ہوئی جس میں ملکی معیشت اور عوامی مسائل پر غور کیا گیا اور مختلف تجاویز پیش کی گئیں تاکہ عوام کو ریلیف فراہم کیا جا سکے اور ترقیاتی منصوبوں کو بروقت مکمل کیا جائے آج کے اجلاس میں حکومت اور اپوزیشن کے درمیان اہم امور پر تفصیلی بات چیت ہوئی جس میں ملکی معیشت اور عوامی مسائل پر غور کیا گیا اور مختلف تجاویز پیش کی گئیں تاکہ عوام کو ریلیف فراہم کیا جا سکے اور ترقیاتی منصوبوں کو بروقت مکمل کیا جائے آج کے اجلاس میں حکومت اور اپوزیشن کے درمیان اہم امور پر تفصیلی بات چیت ہوئی جس میں ملکی معیشت اور عوامی مسائل پر غور کیا گیا اور مختلف تجاویز پیش کی گئیں تاکہ عوام کو ریلیف فراہم کیا جا سکے اور ترقیاتی منصوبوں کو بروقت مکمل کیا جائے آج کے اجلاس میں حکومت اور اپوزیشن کے درمیان اہم امور پر تفصیلی بات چیت ہوئی جس میں ملکی معیشت اور عوامی مسائل پر غور کیا گیا اور مختلف تجاویز پیش کی گئیں تاکہ عوام کو ریلیف فراہم کیا جا سکے اور ترقیاتی منصوبوں کو بروقت مکمل کیا جائے آج کے اجلاس میں حکومت اور اپوزیشن کے درمیان اہم امور پر تفصیلی بات چیت ہوئی جس میں ملکی معیشت اور عوامی مسائل پر غور کیا گیا اور مختلف تجاویز پیش کی گئیں تاکہ عوام کو ریلیف فراہم کیا جا سکے اور ترقیاتی منصوبوں کو بروقت مکمل کیا جائے
19
مدیر
آج کے اجلاس میں حکومت اور اپوزیشن کے درمیان اہم امور پر تفصیلی بات چیت ہوئی جس میں ملکی معیشت اور عوامی مسائل پر غور کیا گیا اور مختلف تجاویز پیش کی گئیں تاکہ عوام کو ریلیف فراہم کیا جا سکے اور ترقیاتی منصوبوں کو بروقت مکمل کیا جائے آج کے اجلاس میں حکومت اور اپوزیشن کے درمیان اہم امور پر تفصیلی بات چیت ہوئی جس میں ملکی معیشت اور عوامی مسائل پر غور کیا گیا اور مختلف تجاویز پیش کی گئیں تاکہ عوام کو ریلیف فراہم کیا جا سکے اور ترقیاتی منصوبوں کو بروقت مکمل کیا جائے آج کے اجلاس میں حکومت اور اپوزیشن کے درمیان اہم امور پر تفصیلی بات چیت ہوئی جس میں ملکی معیشت اور عوامی مسائل پر غور کیا گیا اور مختلف تجاویز پیش کی گئیں تاکہ عوام کو ریلیف فراہم کیا جا سکے اور ترقیاتی منصوبوں کو بروقت مکمل کیا جائے آج کے اجلاس میں حکومت اور اپوزیشن کے درمیان اہم امور پر تفصیلی بات چیت ہوئی جس میں ملکی معیشت اور عوامی مسائل پر غور کیا گیا اور مختلف تجاویز پیش کی گئیں تاکہ عوام کو ریلیف فراہم کیا جا سکے اور ترقیاتی منصوبوں کو بروقت مکمل کیا جائے آج کے اجلاس میں حکومت اور اپوزیشن کے درمیان اہم امور پر تفصیلی بات چیت ہوئی جس میں ملکی معیشت اور عوامی مسائل پر غور کیا گیا اور مختلف تجاویز پیش کی گئیں تاکہ عوام کو ریلیف فراہم کیا جا سکے اور ترقیاتی منصوبوں کو بروقت مکمل کیا جائے آج کے اجلاس میں حکومت اور اپوزیشن کے درمیان اہم امور پر تفصیلی بات چیت ہوئی جس میں ملکی معیشت اور عوامی مسائل پر غور کیا گیا اور مختلف تجاویز پیش کی گئیں تاکہ عوام کو ریلیف فراہم کیا جا سکے اور ترقیاتی منصوبوں کو بروقت مکمل کیا جائے
20
مدیر
آج کے اجلاس میں حکومت اور اپوزیشن کے درمیان اہم امور پر تفصیلی بات چیت ہوئی جس میں ملکی معیشت اور عوامی مسائل پر غور کیا گیا اور مختلف تجاویز پیش کی گئیں تاکہ عوام کو ریلیف فراہم کیا جا سکے اور ترقیاتی منصوبوں کو بروقت مکمل کیا جائے آج کے اجلاس میں حکومت اور اپوزیشن کے درمیان اہم امور پر تفصیلی بات چیت ہوئی جس میں ملکی معیشت اور عوامی مسائل پر غور کیا گیا اور مختلف تجاویز پیش کی گئیں تاکہ عوام کو ریلیف فراہم کیا جا سکے اور ترقیاتی منصوبوں کو بروقت مکمل کیا جائے آج کے اجلاس میں حکومت اور اپوزیشن کے درمیان اہم امور پر تفصیلی بات چیت ہوئی جس میں ملکی معیشت اور عوامی مسائل پر غور کیا گیا اور مختلف تجاویز پیش کی گئیں تاکہ عوام کو ریلیف فراہم کیا جا سکے اور ترقیاتی منصوبوں کو بروقت مکمل کیا جائے آج کے اجلاس میں حکومت اور اپوزیشن کے درمیان اہم امور پر تفصیلی بات چیت ہوئی جس میں ملکی معیشت اور عوامی مسائل پر غور کیا گیا اور مختلف تجاویز پیش کی گئیں تاکہ عوام کو ریلیف فراہم کیا جا سکے اور ترقیاتی منصوبوں کو بروقت مکمل کیا جائے آج کے اجلاس میں حکومت اور اپوزیشن کے درمیان اہم امور پر تفصیلی بات چیت ہوئی جس میں ملکی معیشت اور عوامی مسائل پر غور کیا گیا اور مختلف تجاویز پیش کی گئیں تاکہ عوام کو ریلیف فراہم کیا جا سکے اور ترقیاتی منصوبوں کو بروقت مکمل کیا جائے آج کے اجلاس میں حکومت اور اپوزیشن کے درمیان اہم امور پر تفصیلی بات چیت ہوئی جس میں ملکی معیشت اور عوامی مسائل پر غور کیا گیا اور مختلف تجاویز پیش کی گئیں تاکہ عوام کو ریلیف فراہم کیا جا سکے اور ترقیاتی منصوبوں کو بروقت مکمل کیا جائے
21
مدیر
آج کے اجلاس میں حکومت اور اپوزیشن کے درمیان اہم امور پر تفصیلی بات چیت ہوئی جس میں ملکی معیشت اور عوامی مسائل پر غور کیا گیا اور مختلف تجاویز پیش کی گئیں تاکہ عوام کو ریلیف فراہم کیا جا سکے اور ترقیاتی منصوبوں کو بروقت مکمل کیا جائے آج کے اجلاس میں حکومت اور اپوزیشن کے درمیان اہم امور پر تفصیلی بات چیت ہوئی جس میں ملکی معیشت اور عوامی مسائل پر غور کیا گیا اور مختلف تجاویز پیش کی گئیں تاکہ عوام کو ریلیف فراہم کیا جا سکے اور ترقیاتی منصوبوں کو بروقت مکمل کیا جائے آج کے اجلاس میں حکومت اور اپوزیشن کے درمیان اہم امور پر تفصیلی بات چیت ہوئی جس میں ملکی معیشت اور عوامی مسائل پر غور کیا گیا اور مختلف تجاویز پیش کی گئیں تاکہ عوام کو ریلیف فراہم کیا جا سکے اور ترقیاتی منصوبوں کو بروقت مکمل کیا جائے آج کے اجلاس میں حکومت اور اپوزیشن کے درمیان اہم امور پر تفصیلی بات چیت ہوئی جس میں ملکی معیشت اور عوامی مسائل پر غور کیا گیا اور مختلف تجاویز پیش کی گئیں تاکہ عوام کو ریلیف فراہم کیا جا سکے اور ترقیاتی منصوبوں کو بروقت مکمل کیا جائے آج کے اجلاس میں حکومت اور اپوزیشن کے درمیان اہم امور پر تفصیلی بات چیت ہوئی جس میں ملکی معیشت اور عوامی مسائل پر غور کیا گیا اور مختلف تجاویز پیش کی گئیں تاکہ عوام کو ریلیف فراہم کیا جا سکے اور ترقیاتی منصوبوں کو بروقت مکمل کیا جائے آج کے اجلاس میں حکومت اور اپوزیشن کے درمیان اہم امور پر تفصیلی بات چیت ہوئی جس میں ملکی معیشت اور عوامی مسائل پر غور کیا گیا اور مختلف تجاویز پیش کی گئیں تاکہ عوام کو ریلیف فراہم کیا جا سکے اور ترقیاتی منصوبوں کو بروقت مکمل کیا جائے
22
مدیر
آج کے اجلاس میں حکومت اور اپوزیشن کے درمیان اہم امور پر تفصیلی بات چیت ہوئی جس میں ملکی معیشت اور عوامی مسائل پر غور کیا گیا اور مختلف تجاویز پیش کی گئیں تاکہ عوام کو ریلیف فراہم کیا جا سکے اور ترقیاتی منصوبوں کو بروقت مکمل کیا جائے آج کے اجلاس میں حکومت اور اپوزیشن کے درمیان اہم امور پر تفصیلی بات چیت ہوئی جس میں ملکی معیشت اور عوامی مسائل پر غور کیا گیا اور مختلف تجاویز پیش کی گئیں تاکہ عوام کو ریلیف فراہم کیا جا سکے اور ترقیاتی منصوبوں کو بروقت مکمل کیا جائے آج کے اجلاس میں حکومت اور اپوزیشن کے درمیان اہم امور پر تفصیلی بات چیت ہوئی جس میں ملکی معیشت اور عوامی مسائل پر غور کیا گیا اور مختلف تجاویز پیش کی گئیں تاکہ عوام کو ریلیف فراہم کیا جا سکے اور ترقیاتی منصوبوں کو بروقت مکمل کیا جائے
23
مدیر
آج کے اجلاس میں حکومت اور اپوزیشن کے درمیان اہم امور پر تفصیلی بات چیت ہوئی جس میں ملکی معیشت اور عوامی مسائل پر غور کیا گیا اور مختلف تجاویز پیش کی گئیں تاکہ عوام کو ریلیف فراہم کیا جا سکے اور ترقیاتی منصوبوں کو بروقت مکمل کیا جائے آج کے اجلاس میں حکومت اور اپوزیشن کے درمیان اہم امور پر تفصیلی بات چیت ہوئی جس میں ملکی معیشت اور عوامی مسائل پر غور کیا گیا اور مختلف تجاویز پیش کی گئیں تاکہ عوام کو ریلیف فراہم کیا جا سکے اور ترقیاتی منصوبوں کو بروقت مکمل کیا جائے آج کے اجلاس میں حکومت اور اپوزیشن کے درمیان اہم امور پر تفصیلی بات چیت ہوئی جس میں ملکی معیشت اور عوامی مسائل پر غور کیا گیا اور مختلف تجاویز پیش کی گئیں تاکہ عوام کو ریلیف فراہم کیا جا سکے اور ترقیاتی منصوبوں کو بروقت مکمل کیا جائے
24
مدیر
آج کے اجلاس میں حکومت اور اپوزیشن کے درمیان اہم امور پر تفصیلی بات چیت ہوئی جس میں ملکی معیشت اور عوامی مسائل پر غور کیا گیا اور مختلف تجاویز پیش کی گئیں تاکہ عوام کو ریلیف فراہم کیا جا سکے اور ترقیاتی منصوبوں کو بروقت مکمل کیا جائے آج کے اجلاس میں حکومت اور اپوزیشن کے درمیان اہم امور پر تفصیلی بات چیت ہوئی جس میں ملکی معیشت اور عوامی مسائل پر غور کیا گیا اور مختلف تجاویز پیش کی گئیں تاکہ عوام کو ریلیف فراہم کیا جا سکے اور ترقیاتی منصوبوں کو بروقت مکمل کیا جائے آج کے اجلاس میں حکومت اور اپوزیشن کے درمیان اہم امور پر تفصیلی بات چیت ہوئی جس میں ملکی معیشت اور عوامی مسائل پر غور کیا گیا اور مختلف تجاویز پیش کی گئیں تاکہ عوام کو ریلیف فراہم کیا جا سکے اور ترقیاتی منصوبوں کو بروقت مکمل کیا جائے آج کے اجلاس میں حکومت اور اپوزیشن کے درمیان اہم امور پر تفصیلی بات چیت ہوئی جس میں ملکی معیشت اور عوامی مسائل پر غور کیا گیا اور مختلف تجاویز پیش کی گئیں تاکہ عوام کو ریلیف فراہم کیا جا سکے اور ترقیاتی منصوبوں کو بروقت مکمل کیا جائے آج کے اجلاس میں حکومت اور اپوزیشن کے درمیان اہم امور پر تفصیلی بات چیت ہوئی جس میں ملکی معیشت اور عوامی مسائل پر غور کیا گیا اور مختلف تجاویز پیش کی گئیں تاکہ عوام کو ریلیف فراہم کیا جا سکے اور ترقیاتی منصوبوں کو بروقت مکمل کیا جائے آج کے اجلاس میں حکومت اور اپوزیشن کے درمیان اہم امور پر تفصیلی بات چیت ہوئی جس میں ملکی معیشت اور عوامی مسائل پر غور کیا گیا اور مختلف تجاویز پیش کی گئیں تاکہ عوام کو ریلیف فراہم کیا جا سکے اور ترقیاتی منصوبوں کو بروقت مکمل کیا جائے
25
مدیر
آج کے اجلاس میں حکومت اور اپوزیشن کے درمیان اہم امور پر تفصیلی بات چیت ہوئی جس میں ملکی معیشت اور عوامی مسائل پر غور کیا گیا اور مختلف تجاویز پیش کی گئیں تاکہ عوام کو ریلیف فراہم کیا جا سکے اور ترقیاتی منصوبوں کو بروقت مکمل کیا جائے آج کے اجلاس میں حکومت اور اپوزیشن کے درمیان اہم امور پر تفصیلی بات چیت ہوئی جس میں ملکی معیشت اور عوامی مسائل پر غور کیا گیا اور مختلف تجاویز پیش کی گئیں تاکہ عوام کو ریلیف فراہم کیا جا سکے اور ترقیاتی منصوبوں کو بروقت مکمل کیا جائے آج کے اجلاس میں حکومت اور اپوزیشن کے درمیان اہم امور پر تفصیلی بات چیت ہوئی جس میں ملکی معیشت اور عوامی مسائل پر غور کیا گیا اور مختلف تجاویز پیش کی گئیں تاکہ عوام کو ریلیف فراہم کیا جا سکے اور ترقیاتی منصوبوں کو بروقت مکمل کیا جائے آج کے اجلاس میں حکومت اور اپوزیشن کے درمیان اہم امور پر تفصیلی بات چیت ہوئی جس میں ملکی معیشت اور عوامی مسائل پر غور کیا گیا اور مختلف تجاویز پیش کی گئیں تاکہ عوام کو ریلیف فراہم کیا جا سکے اور ترقیاتی منصوبوں کو بروقت مکمل کیا جائے آج کے اجلاس میں حکومت اور اپوزیشن کے درمیان اہم امور پر تفصیلی بات چیت ہوئی جس میں ملکی معیشت اور عوامی مسائل پر غور کیا گیا اور مختلف تجاویز پیش کی گئیں تاکہ عوام کو ریلیف فراہم کیا جا سکے اور ترقیاتی منصوبوں کو بروقت مکمل کیا جائے آج کے اجلاس میں حکومت اور اپوزیشن کے درمیان اہم امور پر تفصیلی بات چیت ہوئی جس میں ملکی معیشت اور عوامی مسائل پر غور کیا گیا اور مختلف تجاویز پیش کی گئیں تاکہ عوام کو ریلیف فراہم کیا جا سکے اور ترقیاتی منصوبوں کو بروقت مکمل کیا جائے
26
مدیر
آج کے اجلاس میں حکومت اور اپوزیشن کے درمیان اہم امور پر تفصیلی بات چیت ہوئی جس میں ملکی معیشت اور عوامی مسائل پر غور کیا گیا اور مختلف تجاویز پیش کی گئیں تاکہ عوام کو ریلیف فراہم کیا جا سکے اور ترقیاتی منصوبوں کو بروقت مکمل کیا جائے آج کے اجلاس میں حکومت اور اپوزیشن کے درمیان اہم امور پر تفصیلی بات چیت ہوئی جس میں ملکی معیشت اور عوامی مسائل پر غور کیا گیا اور مختلف تجاویز پیش کی گئیں تاکہ عوام کو ریلیف فراہم کیا جا سکے اور ترقیاتی منصوبوں کو بروقت مکمل کیا جائے آج کے اجلاس میں حکومت اور اپوزیشن کے درمیان اہم امور پر تفصیلی بات چیت ہوئی جس میں ملکی معیشت اور عوامی مسائل پر غور کیا گیا اور مختلف تجاویز پیش کی گئیں تاکہ عوام کو ریلیف فراہم کیا جا سکے اور ترقیاتی منصوبوں کو بروقت مکمل کیا جائے آج کے اجلاس میں حکومت اور اپوزیشن کے درمیان اہم امور پر تفصیلی بات چیت ہوئی جس میں ملکی معیشت اور عوامی مسائل پر غور کیا گیا اور مختلف تجاویز پیش کی گئیں تاکہ عوام کو ریلیف فراہم کیا جا سکے اور ترقیاتی منصوبوں کو بروقت مکمل کیا جائے آج کے اجلاس میں حکومت اور اپوزیشن کے درمیان اہم امور پر تفصیلی بات چیت ہوئی جس میں ملکی معیشت اور عوامی مسائل پر غور کیا گیا اور مختلف تجاویز پیش کی گئیں تاکہ عوام کو ریلیف فراہم کیا جا سکے اور ترقیاتی منصوبوں کو بروقت مکمل کیا جائے آج کے اجلاس میں حکومت اور اپوزیشن کے درمیان اہم امور پر تفصیلی بات چیت ہوئی جس میں ملکی معیشت اور عوامی مسائل پر غور کیا گیا اور مختلف تجاویز پیش کی گئیں تاکہ عوام کو ریلیف فراہم کیا جا سکے اور ترقیاتی منصوبوں کو بروقت مکمل کیا جائے
27
مدیر
آج کے اجلاس میں حکومت اور اپوزیشن کے درمیان اہم امور پر تفصیلی بات چیت ہوئی جس میں ملکی معیشت اور عوامی مسائل پر غور کیا گیا اور مختلف تجاویز پیش کی گئیں تاکہ عوام کو ریلیف فراہم کیا جا سکے اور ترقیاتی منصوبوں کو بروقت مکمل کیا جائے آج کے اجلاس میں حکومت اور اپوزیشن کے درمیان اہم امور پر تفصیلی بات چیت ہوئی جس میں ملکی معیشت اور عوامی مسائل پر غور کیا گیا اور مختلف تجاویز پیش کی گئیں تاکہ عوام کو ریلیف فراہم کیا جا سکے اور ترقیاتی منصوبوں کو بروقت مکمل کیا جائے آج کے اجلاس میں حکومت اور اپوزیشن کے درمیان اہم امور پر تفصیلی بات چیت ہوئی جس میں ملکی معیشت اور عوامی مسائل پر غور کیا گیا اور مختلف تجاویز پیش کی گئیں تاکہ عوام کو ریلیف فراہم کیا جا سکے اور ترقیاتی منصوبوں کو بروقت مکمل کیا جائے آج کے اجلاس میں حکومت اور اپوزیشن کے درمیان اہم امور پر تفصیلی بات چیت ہوئی جس میں ملکی معیشت اور عوامی مسائل پر غور کیا گیا اور مختلف تجاویز پیش کی گئیں تاکہ عوام کو ریلیف فراہم کیا جا سکے اور ترقیاتی منصوبوں کو بروقت مکمل کیا جائے آج کے اجلاس میں حکومت اور اپوزیشن کے درمیان اہم امور پر تفصیلی بات چیت ہوئی جس میں ملکی معیشت اور عوامی مسائل پر غور کیا گیا اور مختلف تجاویز پیش کی گئیں تاکہ عوام کو ریلیف فراہم کیا جا سکے اور ترقیاتی منصوبوں کو بروقت مکمل کیا جائے آج کے اجلاس میں حکومت اور اپوزیشن کے درمیان اہم امور پر تفصیلی بات چیت ہوئی جس میں ملکی معیشت اور عوامی مسائل پر غور کیا گیا اور مختلف تجاویز پیش کی گئیں تاکہ عوام کو ریلیف فراہم کیا جا سکے اور ترقیاتی منصوبوں کو بروقت مکمل کیا جائے
28
مدیر
آج کے اجلاس میں حکومت اور اپوزیشن کے درمیان اہم امور پر تفصیلی بات چیت ہوئی جس میں ملکی معیشت اور عوامی مسائل پر غور کیا گیا اور مختلف تجاویز پیش کی گئیں تاکہ عوام کو ریلیف فراہم کیا جا سکے اور ترقیاتی منصوبوں کو بروقت مکمل کیا جائے آج کے اجلاس میں حکومت اور اپوزیشن کے درمیان اہم امور پر تفصیلی بات چیت ہوئی جس میں ملکی معیشت اور عوامی مسائل پر غور کیا گیا اور مختلف تجاویز پیش کی گئیں تاکہ عوام کو ریلیف فراہم کیا جا سکے اور ترقیاتی منصوبوں کو بروقت مکمل کیا جائے آج کے اجلاس میں حکومت اور اپوزیشن کے درمیان اہم امور پر تفصیلی بات چیت ہوئی جس میں ملکی معیشت اور عوامی مسائل پر غور کیا گیا اور مختلف تجاویز پیش کی گئیں تاکہ عوام کو ریلیف فراہم کیا جا سکے اور ترقیاتی منصوبوں کو بروقت مکمل کیا جائے آج کے اجلاس میں حکومت اور اپوزیشن کے درمیان اہم امور پر تفصیلی بات چیت ہوئی جس میں ملکی معیشت اور عوامی مسائل پر غور کیا گیا اور مختلف تجاویز پیش کی گئیں تاکہ عوام کو ریلیف فراہم کیا جا سکے اور ترقیاتی منصوبوں کو بروقت مکمل کیا جائے آج کے اجلاس میں حکومت اور اپوزیشن کے درمیان اہم امور پر تفصیلی بات چیت ہوئی جس میں ملکی معیشت اور عوامی مسائل پر غور کیا گیا اور مختلف تجاویز پیش کی گئیں تاکہ عوام کو ریلیف فراہم کیا جا سکے اور ترقیاتی منصوبوں کو بروقت مکمل کیا جائے آج کے اجلاس میں حکومت اور اپوزیشن کے درمیان اہم امور پر تفصیلی بات چیت ہوئی جس میں ملکی معیشت اور عوامی مسائل پر غور کیا گیا اور مختلف تجاویز پیش کی گئیں تاکہ عوام کو ریلیف فراہم کیا جا سکے اور ترقیاتی منصوبوں کو بروقت مکمل کیا جائے
29
مدیر
آج کے اجلاس میں حکومت اور اپوزیشن کے درمیان اہم امور پر تفصیلی بات چیت ہوئی جس میں ملکی معیشت اور عوامی مسائل پر غور کیا گیا اور مختلف تجاویز پیش کی گئیں تاکہ عوام کو ریلیف فراہم کیا جا سکے اور ترقیاتی منصوبوں کو بروقت مکمل کیا جائے آج کے اجلاس میں حکومت اور اپوزیشن کے درمیان اہم امور پر تفصیلی بات چیت ہوئی جس میں ملکی معیشت اور عوامی مسائل پر غور کیا گیا اور مختلف تجاویز پیش کی گئیں تاکہ عوام کو ریلیف فراہم کیا جا سکے اور ترقیاتی منصوبوں کو بروقت مکمل کیا جائے آج کے اجلاس میں حکومت اور اپوزیشن کے درمیان اہم امور پر تفصیلی بات چیت ہوئی جس میں ملکی معیشت اور عوامی مسائل پر غور کیا گیا اور مختلف تجاویز پیش کی گئیں تاکہ عوام کو ریلیف فراہم کیا جا سکے اور ترقیاتی منصوبوں کو بروقت مکمل کیا جائے
30
مدیر
آج کے اجلاس میں حکومت اور اپوزیشن کے درمیان اہم امور پر تفصیلی بات چیت ہوئی جس میں ملکی معیشت اور عوامی مسائل پر غور کیا گیا اور مختلف تجاویز پیش کی گئیں تاکہ عوام کو ریلیف فراہم کیا جا سکے اور ترقیاتی منصوبوں کو بروقت مکمل کیا جائے آج کے اجلاس میں حکومت اور اپوزیشن کے درمیان اہم امور پر تفصیلی بات چیت ہوئی جس میں ملکی معیشت اور عوامی مسائل پر غور کیا گیا اور مختلف تجاویز پیش کی گئیں تاکہ عوام کو ریلیف فراہم کیا جا سکے اور ترقیاتی منصوبوں کو بروقت مکمل کیا جائے آج کے اجلاس میں حکومت اور اپوزیشن کے درمیان اہم امور پر تفصیلی بات چیت ہوئی جس میں ملکی معیشت اور عوامی مسائل پر غور کیا گیا اور مختلف تجاویز پیش کی گئیں تاکہ عوام کو ریلیف فراہم کیا جا سکے اور ترقیاتی منصوبوں کو بروقت مکمل کیا جائے
31
مدیر
آج کے اجلاس میں حکومت اور اپوزیشن کے درمیان اہم امور پر تفصیلی بات چیت ہوئی جس میں ملکی معیشت اور عوامی مسائل پر غور کیا گیا اور مختلف تجاویز پیش کی گئیں تاکہ عوام کو ریلیف فراہم کیا جا سکے اور ترقیاتی منصوبوں کو بروقت مکمل کیا جائے آج کے اجلاس میں حکومت اور اپوزیشن کے درمیان اہم امور پر تفصیلی بات چیت ہوئی جس میں ملکی معیشت اور عوامی مسائل پر غور کیا گیا اور مختلف تجاویز پیش کی گئیں تاکہ عوام کو ریلیف فراہم کیا جا سکے اور ترقیاتی منصوبوں کو بروقت مکمل کیا جائے آج کے اجلاس میں حکومت اور اپوزیشن کے درمیان اہم امور پر تفصیلی بات چیت ہوئی جس میں ملکی معیشت اور عوامی مسائل پر غور کیا گیا اور مختلف تجاویز پیش کی گئیں تاکہ عوام کو ریلیف فراہم کیا جا سکے اور ترقیاتی منصوبوں کو بروقت مکمل کیا جائے آج کے اجلاس میں حکومت اور اپوزیشن کے درمیان اہم امور پر تفصیلی بات چیت ہوئی جس میں ملکی معیشت اور عوامی مسائل پر غور کیا گیا اور مختلف تجاویز پیش کی گئیں تاکہ عوام کو ریلیف فراہم کیا جا سکے اور ترقیاتی منصوبوں کو بروقت مکمل کیا جائے آج کے اجلاس میں حکومت اور اپوزیشن کے درمیان اہم امور پر تفصیلی بات چیت ہوئی جس میں ملکی معیشت اور عوامی مسائل پر غور کیا گیا اور مختلف تجاویز پیش کی گئیں تاکہ عوام کو ریلیف فراہم کیا جا سکے اور ترقیاتی منصوبوں کو بروقت مکمل کیا جائے آج کے اجلاس میں حکومت اور اپوزیشن کے درمیان اہم امور پر تفصیلی بات چیت ہوئی جس میں ملکی معیشت اور عوامی مسائل پر غور کیا گیا اور مختلف تجاویز پیش کی گئیں تاکہ عوام کو ریلیف فراہم کیا جا سکے اور ترقیاتی منصوبوں کو بروقت مکمل کیا جائے
32
مدیر
آج کے اجلاس میں حکومت اور اپوزیشن کے درمیان اہم امور پر تفصیلی بات چیت ہوئی جس میں ملکی معیشت اور عوامی مسائل پر غور کیا گیا اور مختلف تجاویز پیش کی گئیں تاکہ عوام کو ریلیف فراہم کیا جا سکے اور ترقیاتی منصوبوں کو بروقت مکمل کیا جائے آج کے اجلاس میں حکومت اور اپوزیشن کے درمیان اہم امور پر تفصیلی بات چیت ہوئی جس میں ملکی معیشت اور عوامی مسائل پر غور کیا گیا اور مختلف تجاویز پیش کی گئیں تاکہ عوام کو ریلیف فراہم کیا جا سکے اور ترقیاتی منصوبوں کو بروقت مکمل کیا جائے آج کے اجلاس میں حکومت اور اپوزیشن کے درمیان اہم امور پر تفصیلی بات چیت ہوئی جس میں ملکی معیشت اور عوامی مسائل پر غور کیا گیا اور مختلف تجاویز پیش کی گئیں تاکہ عوام کو ریلیف فراہم کیا جا سکے اور ترقیاتی منصوبوں کو بروقت مکمل کیا جائے
33
مدیر
آج کے اجلاس میں حکومت اور اپوزیشن کے درمیان اہم امور پر تفصیلی بات چیت ہوئی جس میں ملکی معیشت اور عوامی مسائل پر غور کیا گیا اور مختلف تجاویز پیش کی گئیں تاکہ عوام کو ریلیف فراہم کیا جا سکے اور ترقیاتی منصوبوں کو بروقت مکمل کیا جائے آج کے اجلاس میں حکومت اور اپوزیشن کے درمیان اہم امور پر تفصیلی بات چیت ہوئی جس میں ملکی معیشت اور عوامی مسائل پر غور کیا گیا اور مختلف تجاویز پیش کی گئیں تاکہ عوام کو ریلیف فراہم کیا جا سکے اور ترقیاتی منصوبوں کو بروقت مکمل کیا جائے آج کے اجلاس میں حکومت اور اپوزیشن کے درمیان اہم امور پر تفصیلی بات چیت ہوئی جس میں ملکی معیشت اور عوامی مسائل پر غور کیا گیا اور مختلف تجاویز پیش کی گئیں تاکہ عوام کو ریلیف فراہم کیا جا سکے اور ترقیاتی منصوبوں کو بروقت مکمل کیا جائے
34
مدیر
آج کے اجلاس میں حکومت اور اپوزیشن کے درمیان اہم امور پر تفصیلی بات چیت ہوئی جس میں ملکی معیشت اور عوامی مسائل پر غور کیا گیا اور مختلف تجاویز پیش کی گئیں تاکہ عوام کو ریلیف فراہم کیا جا سکے اور ترقیاتی منصوبوں کو بروقت مکمل کیا جائے آج کے اجلاس میں حکومت اور اپوزیشن کے درمیان اہم امور پر تفصیلی بات چیت ہوئی جس میں ملکی معیشت اور عوامی مسائل پر غور کیا گیا اور مختلف تجاویز پیش کی گئیں تاکہ عوام کو ریلیف فراہم کیا جا سکے اور ترقیاتی منصوبوں کو بروقت مکمل کیا جائے آج کے اجلاس میں حکومت اور اپوزیشن کے درمیان اہم امور پر تفصیلی بات چیت ہوئی جس میں ملکی معیشت اور عوامی مسائل پر غور کیا گیا اور مختلف تجاویز پیش کی گئیں تاکہ عوام کو ریلیف فراہم کیا جا سکے اور ترقیاتی منصوبوں کو بروقت مکمل کیا جائے
35
مدیر
آج کے اجلاس میں حکومت اور اپوزیشن کے درمیان اہم امور پر تفصیلی بات چیت ہوئی جس میں ملکی معیشت اور عوامی مسائل پر غور کیا گیا اور مختلف تجاویز پیش کی گئیں تاکہ عوام کو ریلیف فراہم کیا جا سکے اور ترقیاتی منصوبوں کو بروقت مکمل کیا جائے آج کے اجلاس میں حکومت اور اپوزیشن کے درمیان اہم امور پر تفصیلی بات چیت ہوئی جس میں ملکی معیشت اور عوامی مسائل پر غور کیا گیا اور مختلف تجاویز پیش کی گئیں تاکہ عوام کو ریلیف فراہم کیا جا سکے اور ترقیاتی منصوبوں کو بروقت مکمل کیا جائے آج کے اجلاس میں حکومت اور اپوزیشن کے درمیان اہم امور پر تفصیلی بات چیت ہوئی جس میں ملکی معیشت اور عوامی مسائل پر غور کیا گیا اور مختلف تجاویز پیش کی گئیں تاکہ عوام کو ریلیف فراہم کیا جا سکے اور ترقیاتی منصوبوں کو بروقت مکمل کیا جائے آج کے اجلاس میں حکومت اور اپوزیشن کے درمیان اہم امور پر تفصیلی بات چیت ہوئی جس میں ملکی معیشت اور عوامی مسائل پر غور کیا گیا اور مختلف تجاویز پیش کی گئیں تاکہ عوام کو ریلیف فراہم کیا جا سکے اور ترقیاتی منصوبوں کو بروقت مکمل کیا جائے آج کے اجلاس میں حکومت اور اپوزیشن کے درمیان اہم امور پر تفصیلی بات چیت ہوئی جس میں ملکی معیشت اور عوامی مسائل پر غور کیا گیا اور مختلف تجاویز پیش کی گئیں تاکہ عوام کو ریلیف فراہم کیا جا سکے اور ترقیاتی منصوبوں کو بروقت مکمل کیا جائے آج کے اجلاس میں حکومت اور اپوزیشن کے درمیان اہم امور پر تفصیلی بات چیت ہوئی جس میں ملکی معیشت اور عوامی مسائل پر غور کیا گیا اور مختلف تجاویز پیش کی گئیں تاکہ عوام کو ریلیف فراہم کیا جا سکے اور ترقیاتی منصوبوں کو بروقت مکمل کیا جائے
36
مدیر
آج کے اجلاس میں حکومت اور اپوزیشن کے درمیان اہم امور پر تفصیلی بات چیت ہوئی جس میں ملکی معیشت اور عوامی مسائل پر غور کیا گیا اور مختلف تجاویز پیش کی گئیں تاکہ عوام کو ریلیف فراہم کیا جا سکے اور ترقیاتی منصوبوں کو بروقت مکمل کیا جائے آج کے اجلاس میں حکومت اور اپوزیشن کے درمیان اہم امور پر تفصیلی بات چیت ہوئی جس میں ملکی معیشت اور عوامی مسائل پر غور کیا گیا اور مختلف تجاویز پیش کی گئیں تاکہ عوام کو ریلیف فراہم کیا جا سکے اور ترقیاتی منصوبوں کو بروقت مکمل کیا جائے آج کے اجلاس میں حکومت اور اپوزیشن کے درمیان اہم امور پر تفصیلی بات چیت ہوئی جس میں ملکی معیشت اور عوامی مسائل پر غور کیا گیا اور مختلف تجاویز پیش کی گئیں تاکہ عوام کو ریلیف فراہم کیا جا سکے اور ترقیاتی منصوبوں کو بروقت مکمل کیا جائے
37
مدیر
آج کے اجلاس میں حکومت اور اپوزیشن کے درمیان اہم امور پر تفصیلی بات چیت ہوئی جس میں ملکی معیشت اور عوامی مسائل پر غور کیا گیا اور مختلف تجاویز پیش کی گئیں تاکہ عوام کو ریلیف فراہم کیا جا سکے اور ترقیاتی منصوبوں کو بروقت مکمل کیا جائے آج کے اجلاس میں حکومت اور اپوزیشن کے درمیان اہم امور پر تفصیلی بات چیت ہوئی جس میں ملکی معیشت اور عوامی مسائل پر غور کیا گیا اور مختلف تجاویز پیش کی گئیں تاکہ عوام کو ریلیف فراہم کیا جا سکے اور ترقیاتی منصوبوں کو بروقت مکمل کیا جائے آج کے اجلاس میں حکومت اور اپوزیشن کے درمیان اہم امور پر تفصیلی بات چیت ہوئی جس میں ملکی معیشت اور عوامی مسائل پر غور کیا گیا اور مختلف تجاویز پیش کی گئیں تاکہ عوام کو ریلیف فراہم کیا جا سکے اور ترقیاتی منصوبوں کو بروقت مکمل کیا جائے
38
مدیر
آج کے اجلاس میں حکومت اور اپوزیشن کے درمیان اہم امور پر تفصیلی بات چیت ہوئی جس میں ملکی معیشت اور عوامی مسائل پر غور کیا گیا اور مختلف تجاویز پیش کی گئیں تاکہ عوام کو ریلیف فراہم کیا جا سکے اور ترقیاتی منصوبوں کو بروقت مکمل کیا جائے آج کے اجلاس میں حکومت اور اپوزیشن کے درمیان اہم امور پر تفصیلی بات چیت ہوئی جس میں ملکی معیشت اور عوامی مسائل پر غور کیا گیا اور مختلف تجاویز پیش کی گئیں تاکہ عوام کو ریلیف فراہم کیا جا سکے اور ترقیاتی منصوبوں کو بروقت مکمل کیا جائے آج کے اجلاس میں حکومت اور اپوزیشن کے درمیان اہم امور پر تفصیلی بات چیت ہوئی جس میں ملکی معیشت اور عوامی مسائل پر غور کیا گیا اور مختلف تجاویز پیش کی گئیں تاکہ عوام کو ریلیف فراہم کیا جا سکے اور ترقیاتی منصوبوں کو بروقت مکمل کیا جائے آج کے اجلاس میں حکومت اور اپوزیشن کے درمیان اہم امور پر تفصیلی بات چیت ہوئی جس میں ملکی معیشت اور عوامی مسائل پر غور کیا گیا اور مختلف تجاویز پیش کی گئیں تاکہ عوام کو ریلیف فراہم کیا جا سکے اور ترقیاتی منصوبوں کو بروقت مکمل کیا جائے آج کے اجلاس میں حکومت اور اپوزیشن کے درمیان اہم امور پر تفصیلی بات چیت ہوئی جس میں ملکی معیشت اور عوامی مسائل پر غور کیا گیا اور مختلف تجاویز پیش کی گئیں تاکہ عوام کو ریلیف فراہم کیا جا سکے اور ترقیاتی منصوبوں کو بروقت مکمل کیا جائے آج کے اجلاس میں حکومت اور اپوزیشن کے درمیان اہم امور پر تفصیلی بات چیت ہوئی جس میں ملکی معیشت اور عوامی مسائل پر غور کیا گیا اور مختلف تجاویز پیش کی گئیں تاکہ عوام کو ریلیف فراہم کیا جا سکے اور ترقیاتی منصوبوں کو بروقت مکمل کیا جائے
39
مدیر
آج کے اجلاس میں حکومت اور اپوزیشن کے درمیان اہم امور پر تفصیلی بات چیت ہوئی جس میں ملکی معیشت اور عوامی مسائل پر غور کیا گیا اور مختلف تجاویز پیش کی گئیں تاکہ عوام کو ریلیف فراہم کیا جا سکے اور ترقیاتی منصوبوں کو بروقت مکمل کیا جائے آج کے اجلاس میں حکومت اور اپوزیشن کے درمیان اہم امور پر تفصیلی بات چیت ہوئی جس میں ملکی معیشت اور عوامی مسائل پر غور کیا گیا اور مختلف تجاویز پیش کی گئیں تاکہ عوام کو ریلیف فراہم کیا جا سکے اور ترقیاتی منصوبوں کو بروقت مکمل کیا جائے آج کے اجلاس میں حکومت اور اپوزیشن کے درمیان اہم امور پر تفصیلی بات چیت ہوئی جس میں ملکی معیشت اور عوامی مسائل پر غور کیا گیا اور مختلف تجاویز پیش کی گئیں تاکہ عوام کو ریلیف فراہم کیا جا سکے اور ترقیاتی منصوبوں کو بروقت مکمل کیا جائے
40
مدیر
آج کے اجلاس میں حکومت اور اپوزیشن کے درمیان اہم امور پر تفصیلی بات چیت ہوئی جس میں ملکی معیشت اور عوامی مسائل پر غور کیا گیا اور مختلف تجاویز پیش کی گئیں تاکہ عوام کو ریلیف فراہم کیا جا سکے اور ترقیاتی منصوبوں کو بروقت مکمل کیا جائے آج کے اجلاس میں حکومت اور اپوزیشن کے درمیان اہم امور پر تفصیلی بات چیت ہوئی جس میں ملکی معیشت اور عوامی مسائل پر غور کیا گیا اور مختلف تجاویز پیش کی گئیں تاکہ عوام کو ریلیف فراہم کیا جا سکے اور ترقیاتی منصوبوں کو بروقت مکمل کیا جائے آج کے اجلاس میں حکومت اور اپوزیشن کے درمیان اہم امور پر تفصیلی بات چیت ہوئی جس میں ملکی معیشت اور عوامی مسائل پر غور کیا گیا اور مختلف تجاویز پیش کی گئیں تاکہ عوام کو ریلیف فراہم کیا جا سکے اور ترقیاتی منصوبوں کو بروقت مکمل کیا جائے آج کے اجلاس میں حکومت اور اپوزیشن کے درمیان اہم امور پر تفصیلی بات چیت ہوئی جس میں ملکی معیشت اور عوامی مسائل پر غور کیا گیا اور مختلف تجاویز پیش کی گئیں تاکہ عوام کو ریلیف فراہم کیا جا سکے اور ترقیاتی منصوبوں کو بروقت مکمل کیا جائے آج کے اجلاس میں حکومت اور اپوزیشن کے درمیان اہم امور پر تفصیلی بات چیت ہوئی جس میں ملکی معیشت اور عوامی مسائل پر غور کیا گیا اور مختلف تجاویز پیش کی گئیں تاکہ عوام کو ریلیف فراہم کیا جا سکے اور ترقیاتی منصوبوں کو بروقت مکمل کیا جائے آج کے اجلاس میں حکومت اور اپوزیشن کے درمیان اہم امور پر تفصیلی بات چیت ہوئی جس میں ملکی معیشت اور عوامی مسائل پر غور کیا گیا اور مختلف تجاویز پیش کی گئیں تاکہ عوام کو ریلیف فراہم کیا جا سکے اور ترقیاتی منصوبوں کو بروقت مکمل کیا جائے
41
مدیر
آج کے اجلاس میں حکومت اور اپوزیشن کے درمیان اہم امور پر تفصیلی بات چیت ہوئی جس میں ملکی معیشت اور عوامی مسائل پر غور کیا گیا اور مختلف تجاویز پیش کی گئیں تاکہ عوام کو ریلیف فراہم کیا جا سکے اور ترقیاتی منصوبوں کو بروقت مکمل کیا جائے آج کے اجلاس میں حکومت اور اپوزیشن کے درمیان اہم امور پر تفصیلی بات چیت ہوئی جس میں ملکی معیشت اور عوامی مسائل پر غور کیا گیا اور مختلف تجاویز پیش کی گئیں تاکہ عوام کو ریلیف فراہم کیا جا سکے اور ترقیاتی منصوبوں کو بروقت مکمل کیا جائے آج کے اجلاس میں حکومت اور اپوزیشن کے درمیان اہم امور پر تفصیلی بات چیت ہوئی جس میں ملکی معیشت اور عوامی مسائل پر غور کیا گیا اور مختلف تجاویز پیش کی گئیں تاکہ عوام کو ریلیف فراہم کیا جا سکے اور ترقیاتی منصوبوں کو بروقت مکمل کیا جائے آج کے اجلاس میں حکومت اور اپوزیشن کے درمیان اہم امور پر تفصیلی بات چیت ہوئی جس میں ملکی معیشت اور عوامی مسائل پر غور کیا گیا اور مختلف تجاویز پیش کی گئیں تاکہ عوام کو ریلیف فراہم کیا جا سکے اور ترقیاتی منصوبوں کو بروقت مکمل کیا جائے آج کے اجلاس میں حکومت اور اپوزیشن کے درمیان اہم امور پر تفصیلی بات چیت ہوئی جس میں ملکی معیشت اور عوامی مسائل پر غور کیا گیا اور مختلف تجاویز پیش کی گئیں تاکہ عوام کو ریلیف فراہم کیا جا سکے اور ترقیاتی منصوبوں کو بروقت مکمل کیا جائے آج کے اجلاس میں حکومت اور اپوزیشن کے درمیان اہم امور پر تفصیلی بات چیت ہوئی جس میں ملکی معیشت اور عوامی مسائل پر غور کیا گیا اور مختلف تجاویز پیش کی گئیں تاکہ عوام کو ریلیف فراہم کیا جا سکے اور ترقیاتی منصوبوں کو بروقت مکمل کیا جائے آج کے اجلاس میں حکومت اور اپوزیشن کے درمیان اہم امور پر تفصیلی بات چیت ہوئی جس میں ملکی معیشت اور عوامی مسائل پر غور کیا گیا اور مختلف تجاویز پیش کی گئیں تاکہ عوام کو ریلیف فراہم کیا جا سکے اور ترقیاتی منصوبوں کو بروقت مکمل کیا جائے آج کے اجلاس میں حکومت اور اپوزیشن کے درمیان اہم امور پر تفصیلی بات چیت ہوئی جس میں ملکی معیشت اور عوامی مسائل پر غور کیا گیا اور مختلف تجاویز پیش کی گئیں تاکہ عوام کو ریلیف فراہم کیا جا سکے اور ترقیاتی منصوبوں کو بروقت مکمل کیا جائے آج کے اجلاس میں حکومت اور اپوزیشن کے درمیان اہم امور پر تفصیلی بات چیت ہوئی جس میں ملکی معیشت اور عوامی مسائل پر غور کیا گیا اور مختلف تجاویز پیش کی گئیں تاکہ عوام کو ریلیف فراہم کیا جا سکے اور ترقیاتی منصوبوں کو بروقت مکمل کیا جائے آج کے اجلاس میں حکومت اور اپوزیشن کے درمیان اہم امور پر تفصیلی بات چیت ہوئی جس میں ملکی معیشت اور عوامی مسائل پر غور کیا گیا اور مختلف تجاویز پیش کی گئیں تاکہ عوام کو ریلیف فراہم کیا جا سکے اور ترقیاتی منصوبوں کو بروقت مکمل کیا جائے آج کے اجلاس میں حکومت اور اپوزیشن کے درمیان اہم امور پر تفصیلی بات چیت ہوئی جس میں ملکی معیشت اور عوامی مسائل پر غور کیا گیا اور مختلف تجاویز پیش کی گئیں تاکہ عوام کو ریلیف فراہم کیا جا سکے اور ترقیاتی منصوبوں کو بروقت مکمل کیا جائے آج کے اجلاس میں حکومت اور اپوزیشن کے درمیان اہم امور پر تفصیلی بات چیت ہوئی جس میں ملکی معیشت اور عوامی مسائل پر غور کیا گیا اور مختلف تجاویز پیش کی گئیں تاکہ عوام کو ریلیف فراہم کیا جا سکے اور ترقیاتی منصوبوں کو بروقت مکمل کیا جائے آج کے اجلاس میں حکومت اور اپوزیشن کے درمیان اہم امور پر تفصیلی بات چیت ہوئی جس میں ملکی معیشت اور عوامی مسائل پر غور کیا گیا اور مختلف تجاویز پیش کی گئیں تاکہ عوام کو ریلیف فراہم کیا جا سکے اور ترقیاتی منصوبوں کو بروقت مکمل کیا جائے آج کے اجلاس میں حکومت اور اپوزیشن کے درمیان اہم امور پر تفصیلی بات چیت ہوئی جس میں ملکی معیشت اور عوامی مسائل پر غور کیا گیا اور مختلف تجاویز پیش کی گئیں تاکہ عوام کو ریلیف فراہم کیا جا سکے اور ترقیاتی منصوبوں کو بروقت مکمل کیا جائے آج کے اجلاس میں حکومت اور اپوزیشن کے درمیان اہم امور پر تفصیلی بات چیت ہوئی جس میں ملکی معیشت اور عوامی مسائل پر غور کیا گیا اور مختلف تجاویز پیش کی گئیں تاکہ عوام کو ریلیف فراہم کیا جا سکے اور ترقیاتی منصوبوں کو بروقت مکمل کیا جائے
